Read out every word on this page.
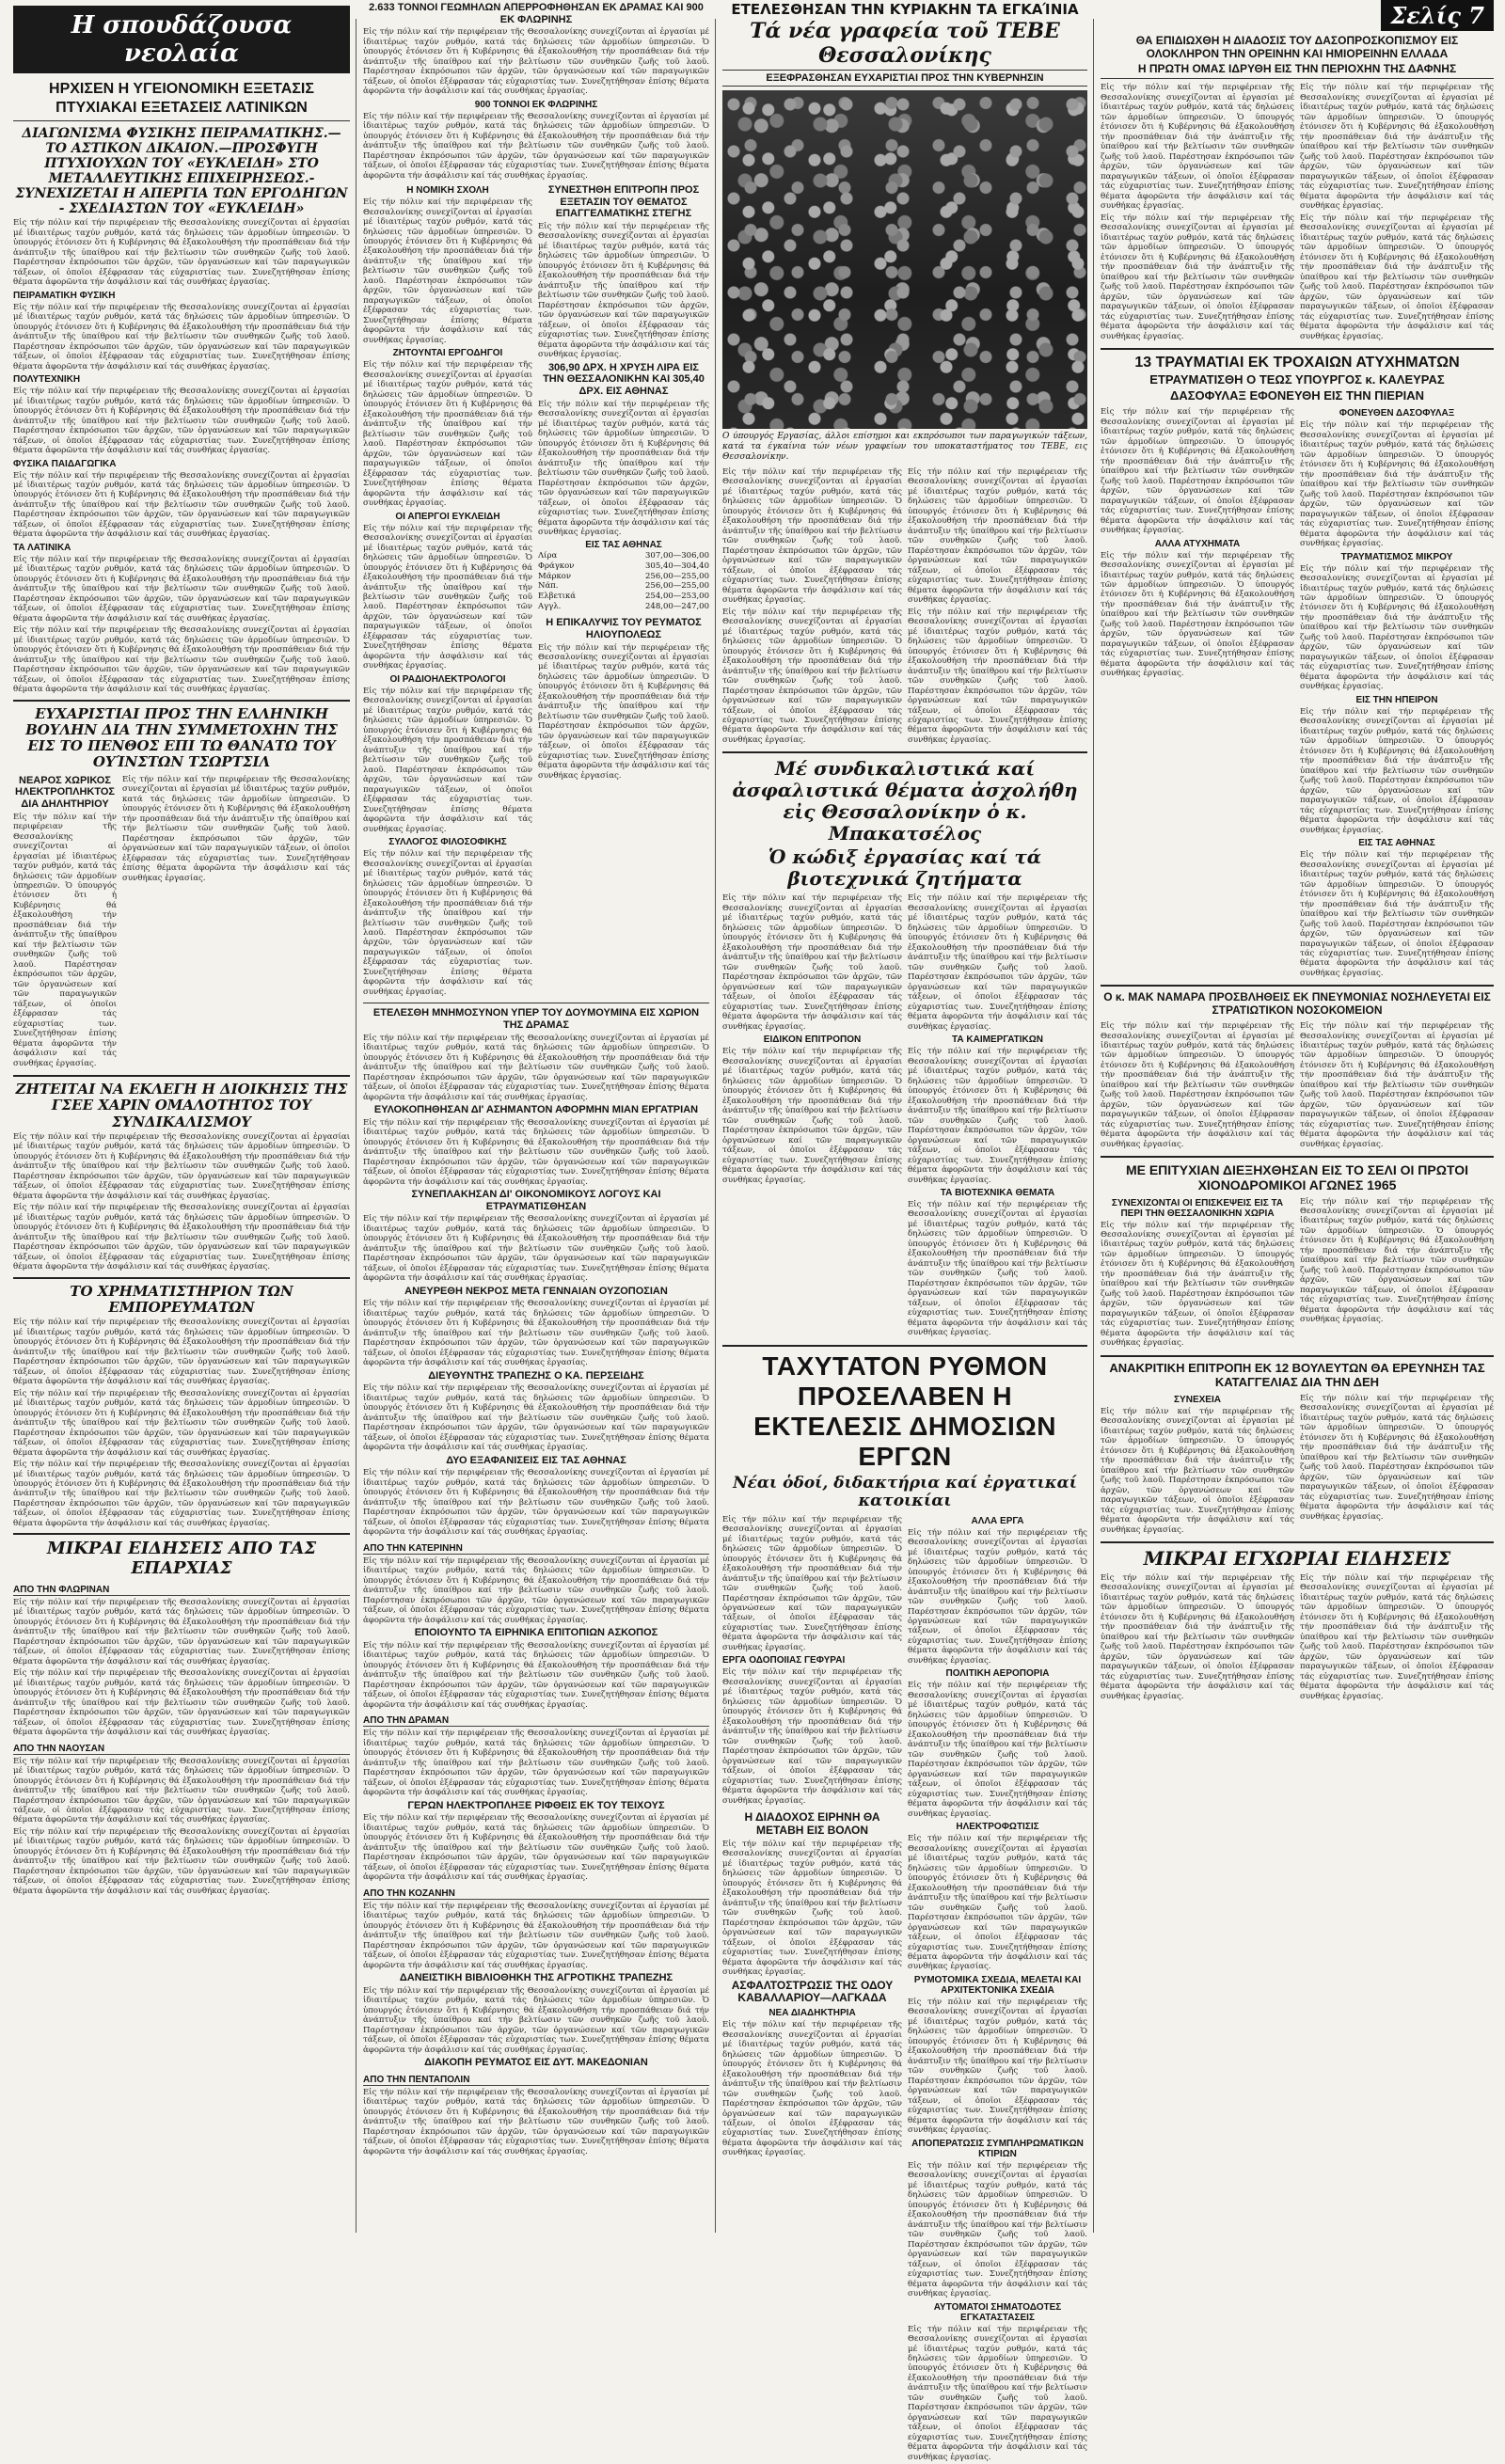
Η σπουδάζουσα νεολαία
ΗΡΧΙΣΕΝ Η ΥΓΕΙΟΝΟΜΙΚΗ ΕΞΕΤΑΣΙΣ
ΠΤΥΧΙΑΚΑΙ ΕΞΕΤΑΣΕΙΣ ΛΑΤΙΝΙΚΩΝ
ΔΙΑΓΩΝΙΣΜΑ ΦΥΣΙΚΗΣ ΠΕΙΡΑΜΑΤΙΚΗΣ.—ΤΟ ΑΣΤΙΚΟΝ ΔΙΚΑΙΟΝ.—ΠΡΟΣΦΥΓΗ ΠΤΥΧΙΟΥΧΩΝ ΤΟΥ «ΕΥΚΛΕΙΔΗ» ΣΤΟ ΜΕΤΑΛΛΕΥΤΙΚΗΣ ΕΠΙΧΕΙΡΗΣΕΩΣ.- ΣΥΝΕΧΙΖΕΤΑΙ Η ΑΠΕΡΓΙΑ ΤΩΝ ΕΡΓΟΔΗΓΩΝ - ΣΧΕΔΙΑΣΤΩΝ ΤΟΥ «ΕΥΚΛΕΙΔΗ»

Εἰς τήν πόλιν καί τήν περιφέρειαν τῆς Θεσσαλονίκης συνεχίζονται αἱ ἐργασίαι μέ ἰδιαιτέρως ταχύν ρυθμόν, κατά τάς δηλώσεις τῶν ἁρμοδίων ὑπηρεσιῶν. Ὁ ὑπουργός ἐτόνισεν ὅτι ἡ Κυβέρνησις θά ἐξακολουθήση τήν προσπάθειαν διά τήν ἀνάπτυξιν τῆς ὑπαίθρου καί τήν βελτίωσιν τῶν συνθηκῶν ζωῆς τοῦ λαοῦ. Παρέστησαν ἐκπρόσωποι τῶν ἀρχῶν, τῶν ὀργανώσεων καί τῶν παραγωγικῶν τάξεων, οἱ ὁποῖοι ἐξέφρασαν τάς εὐχαριστίας των. Συνεζητήθησαν ἐπίσης θέματα ἀφορῶντα τήν ἀσφάλισιν καί τάς συνθήκας ἐργασίας.

ΠΕΙΡΑΜΑΤΙΚΗ ΦΥΣΙΚΗ

Εἰς τήν πόλιν καί τήν περιφέρειαν τῆς Θεσσαλονίκης συνεχίζονται αἱ ἐργασίαι μέ ἰδιαιτέρως ταχύν ρυθμόν, κατά τάς δηλώσεις τῶν ἁρμοδίων ὑπηρεσιῶν. Ὁ ὑπουργός ἐτόνισεν ὅτι ἡ Κυβέρνησις θά ἐξακολουθήση τήν προσπάθειαν διά τήν ἀνάπτυξιν τῆς ὑπαίθρου καί τήν βελτίωσιν τῶν συνθηκῶν ζωῆς τοῦ λαοῦ. Παρέστησαν ἐκπρόσωποι τῶν ἀρχῶν, τῶν ὀργανώσεων καί τῶν παραγωγικῶν τάξεων, οἱ ὁποῖοι ἐξέφρασαν τάς εὐχαριστίας των. Συνεζητήθησαν ἐπίσης θέματα ἀφορῶντα τήν ἀσφάλισιν καί τάς συνθήκας ἐργασίας.

ΠΟΛΥΤΕΧΝΙΚΗ

Εἰς τήν πόλιν καί τήν περιφέρειαν τῆς Θεσσαλονίκης συνεχίζονται αἱ ἐργασίαι μέ ἰδιαιτέρως ταχύν ρυθμόν, κατά τάς δηλώσεις τῶν ἁρμοδίων ὑπηρεσιῶν. Ὁ ὑπουργός ἐτόνισεν ὅτι ἡ Κυβέρνησις θά ἐξακολουθήση τήν προσπάθειαν διά τήν ἀνάπτυξιν τῆς ὑπαίθρου καί τήν βελτίωσιν τῶν συνθηκῶν ζωῆς τοῦ λαοῦ. Παρέστησαν ἐκπρόσωποι τῶν ἀρχῶν, τῶν ὀργανώσεων καί τῶν παραγωγικῶν τάξεων, οἱ ὁποῖοι ἐξέφρασαν τάς εὐχαριστίας των. Συνεζητήθησαν ἐπίσης θέματα ἀφορῶντα τήν ἀσφάλισιν καί τάς συνθήκας ἐργασίας.

ΦΥΣΙΚΑ ΠΑΙΔΑΓΩΓΙΚΑ

Εἰς τήν πόλιν καί τήν περιφέρειαν τῆς Θεσσαλονίκης συνεχίζονται αἱ ἐργασίαι μέ ἰδιαιτέρως ταχύν ρυθμόν, κατά τάς δηλώσεις τῶν ἁρμοδίων ὑπηρεσιῶν. Ὁ ὑπουργός ἐτόνισεν ὅτι ἡ Κυβέρνησις θά ἐξακολουθήση τήν προσπάθειαν διά τήν ἀνάπτυξιν τῆς ὑπαίθρου καί τήν βελτίωσιν τῶν συνθηκῶν ζωῆς τοῦ λαοῦ. Παρέστησαν ἐκπρόσωποι τῶν ἀρχῶν, τῶν ὀργανώσεων καί τῶν παραγωγικῶν τάξεων, οἱ ὁποῖοι ἐξέφρασαν τάς εὐχαριστίας των. Συνεζητήθησαν ἐπίσης θέματα ἀφορῶντα τήν ἀσφάλισιν καί τάς συνθήκας ἐργασίας.

ΤΑ ΛΑΤΙΝΙΚΑ

Εἰς τήν πόλιν καί τήν περιφέρειαν τῆς Θεσσαλονίκης συνεχίζονται αἱ ἐργασίαι μέ ἰδιαιτέρως ταχύν ρυθμόν, κατά τάς δηλώσεις τῶν ἁρμοδίων ὑπηρεσιῶν. Ὁ ὑπουργός ἐτόνισεν ὅτι ἡ Κυβέρνησις θά ἐξακολουθήση τήν προσπάθειαν διά τήν ἀνάπτυξιν τῆς ὑπαίθρου καί τήν βελτίωσιν τῶν συνθηκῶν ζωῆς τοῦ λαοῦ. Παρέστησαν ἐκπρόσωποι τῶν ἀρχῶν, τῶν ὀργανώσεων καί τῶν παραγωγικῶν τάξεων, οἱ ὁποῖοι ἐξέφρασαν τάς εὐχαριστίας των. Συνεζητήθησαν ἐπίσης θέματα ἀφορῶντα τήν ἀσφάλισιν καί τάς συνθήκας ἐργασίας.

Εἰς τήν πόλιν καί τήν περιφέρειαν τῆς Θεσσαλονίκης συνεχίζονται αἱ ἐργασίαι μέ ἰδιαιτέρως ταχύν ρυθμόν, κατά τάς δηλώσεις τῶν ἁρμοδίων ὑπηρεσιῶν. Ὁ ὑπουργός ἐτόνισεν ὅτι ἡ Κυβέρνησις θά ἐξακολουθήση τήν προσπάθειαν διά τήν ἀνάπτυξιν τῆς ὑπαίθρου καί τήν βελτίωσιν τῶν συνθηκῶν ζωῆς τοῦ λαοῦ. Παρέστησαν ἐκπρόσωποι τῶν ἀρχῶν, τῶν ὀργανώσεων καί τῶν παραγωγικῶν τάξεων, οἱ ὁποῖοι ἐξέφρασαν τάς εὐχαριστίας των. Συνεζητήθησαν ἐπίσης θέματα ἀφορῶντα τήν ἀσφάλισιν καί τάς συνθήκας ἐργασίας.

ΕΥΧΑΡΙΣΤΙΑΙ ΠΡΟΣ ΤΗΝ ΕΛΛΗΝΙΚΗ ΒΟΥΛΗΝ ΔΙΑ ΤΗΝ ΣΥΜΜΕΤΟΧΗΝ ΤΗΣ ΕΙΣ ΤΟ ΠΕΝΘΟΣ ΕΠΙ ΤΩ ΘΑΝΑΤΩ ΤΟΥ ΟΥΊΝΣΤΩΝ ΤΣΩΡΤΣΙΛ
ΝΕΑΡΟΣ ΧΩΡΙΚΟΣ ΗΛΕΚΤΡΟΠΛΗΚΤΟΣ ΔΙΑ ΔΗΛΗΤΗΡΙΟΥ

Εἰς τήν πόλιν καί τήν περιφέρειαν τῆς Θεσσαλονίκης συνεχίζονται αἱ ἐργασίαι μέ ἰδιαιτέρως ταχύν ρυθμόν, κατά τάς δηλώσεις τῶν ἁρμοδίων ὑπηρεσιῶν. Ὁ ὑπουργός ἐτόνισεν ὅτι ἡ Κυβέρνησις θά ἐξακολουθήση τήν προσπάθειαν διά τήν ἀνάπτυξιν τῆς ὑπαίθρου καί τήν βελτίωσιν τῶν συνθηκῶν ζωῆς τοῦ λαοῦ. Παρέστησαν ἐκπρόσωποι τῶν ἀρχῶν, τῶν ὀργανώσεων καί τῶν παραγωγικῶν τάξεων, οἱ ὁποῖοι ἐξέφρασαν τάς εὐχαριστίας των. Συνεζητήθησαν ἐπίσης θέματα ἀφορῶντα τήν ἀσφάλισιν καί τάς συνθήκας ἐργασίας.

Εἰς τήν πόλιν καί τήν περιφέρειαν τῆς Θεσσαλονίκης συνεχίζονται αἱ ἐργασίαι μέ ἰδιαιτέρως ταχύν ρυθμόν, κατά τάς δηλώσεις τῶν ἁρμοδίων ὑπηρεσιῶν. Ὁ ὑπουργός ἐτόνισεν ὅτι ἡ Κυβέρνησις θά ἐξακολουθήση τήν προσπάθειαν διά τήν ἀνάπτυξιν τῆς ὑπαίθρου καί τήν βελτίωσιν τῶν συνθηκῶν ζωῆς τοῦ λαοῦ. Παρέστησαν ἐκπρόσωποι τῶν ἀρχῶν, τῶν ὀργανώσεων καί τῶν παραγωγικῶν τάξεων, οἱ ὁποῖοι ἐξέφρασαν τάς εὐχαριστίας των. Συνεζητήθησαν ἐπίσης θέματα ἀφορῶντα τήν ἀσφάλισιν καί τάς συνθήκας ἐργασίας.

ΖΗΤΕΙΤΑΙ ΝΑ ΕΚΛΕΓΗ Η ΔΙΟΙΚΗΣΙΣ ΤΗΣ ΓΣΕΕ ΧΑΡΙΝ ΟΜΑΛΟΤΗΤΟΣ ΤΟΥ ΣΥΝΔΙΚΑΛΙΣΜΟΥ

Εἰς τήν πόλιν καί τήν περιφέρειαν τῆς Θεσσαλονίκης συνεχίζονται αἱ ἐργασίαι μέ ἰδιαιτέρως ταχύν ρυθμόν, κατά τάς δηλώσεις τῶν ἁρμοδίων ὑπηρεσιῶν. Ὁ ὑπουργός ἐτόνισεν ὅτι ἡ Κυβέρνησις θά ἐξακολουθήση τήν προσπάθειαν διά τήν ἀνάπτυξιν τῆς ὑπαίθρου καί τήν βελτίωσιν τῶν συνθηκῶν ζωῆς τοῦ λαοῦ. Παρέστησαν ἐκπρόσωποι τῶν ἀρχῶν, τῶν ὀργανώσεων καί τῶν παραγωγικῶν τάξεων, οἱ ὁποῖοι ἐξέφρασαν τάς εὐχαριστίας των. Συνεζητήθησαν ἐπίσης θέματα ἀφορῶντα τήν ἀσφάλισιν καί τάς συνθήκας ἐργασίας.

Εἰς τήν πόλιν καί τήν περιφέρειαν τῆς Θεσσαλονίκης συνεχίζονται αἱ ἐργασίαι μέ ἰδιαιτέρως ταχύν ρυθμόν, κατά τάς δηλώσεις τῶν ἁρμοδίων ὑπηρεσιῶν. Ὁ ὑπουργός ἐτόνισεν ὅτι ἡ Κυβέρνησις θά ἐξακολουθήση τήν προσπάθειαν διά τήν ἀνάπτυξιν τῆς ὑπαίθρου καί τήν βελτίωσιν τῶν συνθηκῶν ζωῆς τοῦ λαοῦ. Παρέστησαν ἐκπρόσωποι τῶν ἀρχῶν, τῶν ὀργανώσεων καί τῶν παραγωγικῶν τάξεων, οἱ ὁποῖοι ἐξέφρασαν τάς εὐχαριστίας των. Συνεζητήθησαν ἐπίσης θέματα ἀφορῶντα τήν ἀσφάλισιν καί τάς συνθήκας ἐργασίας.

ΤΟ ΧΡΗΜΑΤΙΣΤΗΡΙΟΝ ΤΩΝ ΕΜΠΟΡΕΥΜΑΤΩΝ

Εἰς τήν πόλιν καί τήν περιφέρειαν τῆς Θεσσαλονίκης συνεχίζονται αἱ ἐργασίαι μέ ἰδιαιτέρως ταχύν ρυθμόν, κατά τάς δηλώσεις τῶν ἁρμοδίων ὑπηρεσιῶν. Ὁ ὑπουργός ἐτόνισεν ὅτι ἡ Κυβέρνησις θά ἐξακολουθήση τήν προσπάθειαν διά τήν ἀνάπτυξιν τῆς ὑπαίθρου καί τήν βελτίωσιν τῶν συνθηκῶν ζωῆς τοῦ λαοῦ. Παρέστησαν ἐκπρόσωποι τῶν ἀρχῶν, τῶν ὀργανώσεων καί τῶν παραγωγικῶν τάξεων, οἱ ὁποῖοι ἐξέφρασαν τάς εὐχαριστίας των. Συνεζητήθησαν ἐπίσης θέματα ἀφορῶντα τήν ἀσφάλισιν καί τάς συνθήκας ἐργασίας.

Εἰς τήν πόλιν καί τήν περιφέρειαν τῆς Θεσσαλονίκης συνεχίζονται αἱ ἐργασίαι μέ ἰδιαιτέρως ταχύν ρυθμόν, κατά τάς δηλώσεις τῶν ἁρμοδίων ὑπηρεσιῶν. Ὁ ὑπουργός ἐτόνισεν ὅτι ἡ Κυβέρνησις θά ἐξακολουθήση τήν προσπάθειαν διά τήν ἀνάπτυξιν τῆς ὑπαίθρου καί τήν βελτίωσιν τῶν συνθηκῶν ζωῆς τοῦ λαοῦ. Παρέστησαν ἐκπρόσωποι τῶν ἀρχῶν, τῶν ὀργανώσεων καί τῶν παραγωγικῶν τάξεων, οἱ ὁποῖοι ἐξέφρασαν τάς εὐχαριστίας των. Συνεζητήθησαν ἐπίσης θέματα ἀφορῶντα τήν ἀσφάλισιν καί τάς συνθήκας ἐργασίας.

Εἰς τήν πόλιν καί τήν περιφέρειαν τῆς Θεσσαλονίκης συνεχίζονται αἱ ἐργασίαι μέ ἰδιαιτέρως ταχύν ρυθμόν, κατά τάς δηλώσεις τῶν ἁρμοδίων ὑπηρεσιῶν. Ὁ ὑπουργός ἐτόνισεν ὅτι ἡ Κυβέρνησις θά ἐξακολουθήση τήν προσπάθειαν διά τήν ἀνάπτυξιν τῆς ὑπαίθρου καί τήν βελτίωσιν τῶν συνθηκῶν ζωῆς τοῦ λαοῦ. Παρέστησαν ἐκπρόσωποι τῶν ἀρχῶν, τῶν ὀργανώσεων καί τῶν παραγωγικῶν τάξεων, οἱ ὁποῖοι ἐξέφρασαν τάς εὐχαριστίας των. Συνεζητήθησαν ἐπίσης θέματα ἀφορῶντα τήν ἀσφάλισιν καί τάς συνθήκας ἐργασίας.

ΜΙΚΡΑΙ ΕΙΔΗΣΕΙΣ ΑΠΟ ΤΑΣ ΕΠΑΡΧΙΑΣ
ΑΠΟ ΤΗΝ ΦΛΩΡΙΝΑΝ

Εἰς τήν πόλιν καί τήν περιφέρειαν τῆς Θεσσαλονίκης συνεχίζονται αἱ ἐργασίαι μέ ἰδιαιτέρως ταχύν ρυθμόν, κατά τάς δηλώσεις τῶν ἁρμοδίων ὑπηρεσιῶν. Ὁ ὑπουργός ἐτόνισεν ὅτι ἡ Κυβέρνησις θά ἐξακολουθήση τήν προσπάθειαν διά τήν ἀνάπτυξιν τῆς ὑπαίθρου καί τήν βελτίωσιν τῶν συνθηκῶν ζωῆς τοῦ λαοῦ. Παρέστησαν ἐκπρόσωποι τῶν ἀρχῶν, τῶν ὀργανώσεων καί τῶν παραγωγικῶν τάξεων, οἱ ὁποῖοι ἐξέφρασαν τάς εὐχαριστίας των. Συνεζητήθησαν ἐπίσης θέματα ἀφορῶντα τήν ἀσφάλισιν καί τάς συνθήκας ἐργασίας.

Εἰς τήν πόλιν καί τήν περιφέρειαν τῆς Θεσσαλονίκης συνεχίζονται αἱ ἐργασίαι μέ ἰδιαιτέρως ταχύν ρυθμόν, κατά τάς δηλώσεις τῶν ἁρμοδίων ὑπηρεσιῶν. Ὁ ὑπουργός ἐτόνισεν ὅτι ἡ Κυβέρνησις θά ἐξακολουθήση τήν προσπάθειαν διά τήν ἀνάπτυξιν τῆς ὑπαίθρου καί τήν βελτίωσιν τῶν συνθηκῶν ζωῆς τοῦ λαοῦ. Παρέστησαν ἐκπρόσωποι τῶν ἀρχῶν, τῶν ὀργανώσεων καί τῶν παραγωγικῶν τάξεων, οἱ ὁποῖοι ἐξέφρασαν τάς εὐχαριστίας των. Συνεζητήθησαν ἐπίσης θέματα ἀφορῶντα τήν ἀσφάλισιν καί τάς συνθήκας ἐργασίας.

ΑΠΟ ΤΗΝ ΝΑΟΥΣΑΝ

Εἰς τήν πόλιν καί τήν περιφέρειαν τῆς Θεσσαλονίκης συνεχίζονται αἱ ἐργασίαι μέ ἰδιαιτέρως ταχύν ρυθμόν, κατά τάς δηλώσεις τῶν ἁρμοδίων ὑπηρεσιῶν. Ὁ ὑπουργός ἐτόνισεν ὅτι ἡ Κυβέρνησις θά ἐξακολουθήση τήν προσπάθειαν διά τήν ἀνάπτυξιν τῆς ὑπαίθρου καί τήν βελτίωσιν τῶν συνθηκῶν ζωῆς τοῦ λαοῦ. Παρέστησαν ἐκπρόσωποι τῶν ἀρχῶν, τῶν ὀργανώσεων καί τῶν παραγωγικῶν τάξεων, οἱ ὁποῖοι ἐξέφρασαν τάς εὐχαριστίας των. Συνεζητήθησαν ἐπίσης θέματα ἀφορῶντα τήν ἀσφάλισιν καί τάς συνθήκας ἐργασίας.

Εἰς τήν πόλιν καί τήν περιφέρειαν τῆς Θεσσαλονίκης συνεχίζονται αἱ ἐργασίαι μέ ἰδιαιτέρως ταχύν ρυθμόν, κατά τάς δηλώσεις τῶν ἁρμοδίων ὑπηρεσιῶν. Ὁ ὑπουργός ἐτόνισεν ὅτι ἡ Κυβέρνησις θά ἐξακολουθήση τήν προσπάθειαν διά τήν ἀνάπτυξιν τῆς ὑπαίθρου καί τήν βελτίωσιν τῶν συνθηκῶν ζωῆς τοῦ λαοῦ. Παρέστησαν ἐκπρόσωποι τῶν ἀρχῶν, τῶν ὀργανώσεων καί τῶν παραγωγικῶν τάξεων, οἱ ὁποῖοι ἐξέφρασαν τάς εὐχαριστίας των. Συνεζητήθησαν ἐπίσης θέματα ἀφορῶντα τήν ἀσφάλισιν καί τάς συνθήκας ἐργασίας.

2.633 ΤΟΝΝΟΙ ΓΕΩΜΗΛΩΝ ΑΠΕΡΡΟΦΗΘΗΣΑΝ ΕΚ ΔΡΑΜΑΣ ΚΑΙ 900 ΕΚ ΦΛΩΡΙΝΗΣ

Εἰς τήν πόλιν καί τήν περιφέρειαν τῆς Θεσσαλονίκης συνεχίζονται αἱ ἐργασίαι μέ ἰδιαιτέρως ταχύν ρυθμόν, κατά τάς δηλώσεις τῶν ἁρμοδίων ὑπηρεσιῶν. Ὁ ὑπουργός ἐτόνισεν ὅτι ἡ Κυβέρνησις θά ἐξακολουθήση τήν προσπάθειαν διά τήν ἀνάπτυξιν τῆς ὑπαίθρου καί τήν βελτίωσιν τῶν συνθηκῶν ζωῆς τοῦ λαοῦ. Παρέστησαν ἐκπρόσωποι τῶν ἀρχῶν, τῶν ὀργανώσεων καί τῶν παραγωγικῶν τάξεων, οἱ ὁποῖοι ἐξέφρασαν τάς εὐχαριστίας των. Συνεζητήθησαν ἐπίσης θέματα ἀφορῶντα τήν ἀσφάλισιν καί τάς συνθήκας ἐργασίας.

900 ΤΟΝΝΟΙ ΕΚ ΦΛΩΡΙΝΗΣ

Εἰς τήν πόλιν καί τήν περιφέρειαν τῆς Θεσσαλονίκης συνεχίζονται αἱ ἐργασίαι μέ ἰδιαιτέρως ταχύν ρυθμόν, κατά τάς δηλώσεις τῶν ἁρμοδίων ὑπηρεσιῶν. Ὁ ὑπουργός ἐτόνισεν ὅτι ἡ Κυβέρνησις θά ἐξακολουθήση τήν προσπάθειαν διά τήν ἀνάπτυξιν τῆς ὑπαίθρου καί τήν βελτίωσιν τῶν συνθηκῶν ζωῆς τοῦ λαοῦ. Παρέστησαν ἐκπρόσωποι τῶν ἀρχῶν, τῶν ὀργανώσεων καί τῶν παραγωγικῶν τάξεων, οἱ ὁποῖοι ἐξέφρασαν τάς εὐχαριστίας των. Συνεζητήθησαν ἐπίσης θέματα ἀφορῶντα τήν ἀσφάλισιν καί τάς συνθήκας ἐργασίας.

Η ΝΟΜΙΚΗ ΣΧΟΛΗ

Εἰς τήν πόλιν καί τήν περιφέρειαν τῆς Θεσσαλονίκης συνεχίζονται αἱ ἐργασίαι μέ ἰδιαιτέρως ταχύν ρυθμόν, κατά τάς δηλώσεις τῶν ἁρμοδίων ὑπηρεσιῶν. Ὁ ὑπουργός ἐτόνισεν ὅτι ἡ Κυβέρνησις θά ἐξακολουθήση τήν προσπάθειαν διά τήν ἀνάπτυξιν τῆς ὑπαίθρου καί τήν βελτίωσιν τῶν συνθηκῶν ζωῆς τοῦ λαοῦ. Παρέστησαν ἐκπρόσωποι τῶν ἀρχῶν, τῶν ὀργανώσεων καί τῶν παραγωγικῶν τάξεων, οἱ ὁποῖοι ἐξέφρασαν τάς εὐχαριστίας των. Συνεζητήθησαν ἐπίσης θέματα ἀφορῶντα τήν ἀσφάλισιν καί τάς συνθήκας ἐργασίας.

ΖΗΤΟΥΝΤΑΙ ΕΡΓΟΔΗΓΟΙ

Εἰς τήν πόλιν καί τήν περιφέρειαν τῆς Θεσσαλονίκης συνεχίζονται αἱ ἐργασίαι μέ ἰδιαιτέρως ταχύν ρυθμόν, κατά τάς δηλώσεις τῶν ἁρμοδίων ὑπηρεσιῶν. Ὁ ὑπουργός ἐτόνισεν ὅτι ἡ Κυβέρνησις θά ἐξακολουθήση τήν προσπάθειαν διά τήν ἀνάπτυξιν τῆς ὑπαίθρου καί τήν βελτίωσιν τῶν συνθηκῶν ζωῆς τοῦ λαοῦ. Παρέστησαν ἐκπρόσωποι τῶν ἀρχῶν, τῶν ὀργανώσεων καί τῶν παραγωγικῶν τάξεων, οἱ ὁποῖοι ἐξέφρασαν τάς εὐχαριστίας των. Συνεζητήθησαν ἐπίσης θέματα ἀφορῶντα τήν ἀσφάλισιν καί τάς συνθήκας ἐργασίας.

ΟΙ ΑΠΕΡΓΟΙ ΕΥΚΛΕΙΔΗ

Εἰς τήν πόλιν καί τήν περιφέρειαν τῆς Θεσσαλονίκης συνεχίζονται αἱ ἐργασίαι μέ ἰδιαιτέρως ταχύν ρυθμόν, κατά τάς δηλώσεις τῶν ἁρμοδίων ὑπηρεσιῶν. Ὁ ὑπουργός ἐτόνισεν ὅτι ἡ Κυβέρνησις θά ἐξακολουθήση τήν προσπάθειαν διά τήν ἀνάπτυξιν τῆς ὑπαίθρου καί τήν βελτίωσιν τῶν συνθηκῶν ζωῆς τοῦ λαοῦ. Παρέστησαν ἐκπρόσωποι τῶν ἀρχῶν, τῶν ὀργανώσεων καί τῶν παραγωγικῶν τάξεων, οἱ ὁποῖοι ἐξέφρασαν τάς εὐχαριστίας των. Συνεζητήθησαν ἐπίσης θέματα ἀφορῶντα τήν ἀσφάλισιν καί τάς συνθήκας ἐργασίας.

ΟΙ ΡΑΔΙΟΗΛΕΚΤΡΟΛΟΓΟΙ

Εἰς τήν πόλιν καί τήν περιφέρειαν τῆς Θεσσαλονίκης συνεχίζονται αἱ ἐργασίαι μέ ἰδιαιτέρως ταχύν ρυθμόν, κατά τάς δηλώσεις τῶν ἁρμοδίων ὑπηρεσιῶν. Ὁ ὑπουργός ἐτόνισεν ὅτι ἡ Κυβέρνησις θά ἐξακολουθήση τήν προσπάθειαν διά τήν ἀνάπτυξιν τῆς ὑπαίθρου καί τήν βελτίωσιν τῶν συνθηκῶν ζωῆς τοῦ λαοῦ. Παρέστησαν ἐκπρόσωποι τῶν ἀρχῶν, τῶν ὀργανώσεων καί τῶν παραγωγικῶν τάξεων, οἱ ὁποῖοι ἐξέφρασαν τάς εὐχαριστίας των. Συνεζητήθησαν ἐπίσης θέματα ἀφορῶντα τήν ἀσφάλισιν καί τάς συνθήκας ἐργασίας.

ΣΥΛΛΟΓΟΣ ΦΙΛΟΣΟΦΙΚΗΣ

Εἰς τήν πόλιν καί τήν περιφέρειαν τῆς Θεσσαλονίκης συνεχίζονται αἱ ἐργασίαι μέ ἰδιαιτέρως ταχύν ρυθμόν, κατά τάς δηλώσεις τῶν ἁρμοδίων ὑπηρεσιῶν. Ὁ ὑπουργός ἐτόνισεν ὅτι ἡ Κυβέρνησις θά ἐξακολουθήση τήν προσπάθειαν διά τήν ἀνάπτυξιν τῆς ὑπαίθρου καί τήν βελτίωσιν τῶν συνθηκῶν ζωῆς τοῦ λαοῦ. Παρέστησαν ἐκπρόσωποι τῶν ἀρχῶν, τῶν ὀργανώσεων καί τῶν παραγωγικῶν τάξεων, οἱ ὁποῖοι ἐξέφρασαν τάς εὐχαριστίας των. Συνεζητήθησαν ἐπίσης θέματα ἀφορῶντα τήν ἀσφάλισιν καί τάς συνθήκας ἐργασίας.

ΣΥΝΕΣΤΗΘΗ ΕΠΙΤΡΟΠΗ ΠΡΟΣ ΕΞΕΤΑΣΙΝ ΤΟΥ ΘΕΜΑΤΟΣ ΕΠΑΓΓΕΛΜΑΤΙΚΗΣ ΣΤΕΓΗΣ

Εἰς τήν πόλιν καί τήν περιφέρειαν τῆς Θεσσαλονίκης συνεχίζονται αἱ ἐργασίαι μέ ἰδιαιτέρως ταχύν ρυθμόν, κατά τάς δηλώσεις τῶν ἁρμοδίων ὑπηρεσιῶν. Ὁ ὑπουργός ἐτόνισεν ὅτι ἡ Κυβέρνησις θά ἐξακολουθήση τήν προσπάθειαν διά τήν ἀνάπτυξιν τῆς ὑπαίθρου καί τήν βελτίωσιν τῶν συνθηκῶν ζωῆς τοῦ λαοῦ. Παρέστησαν ἐκπρόσωποι τῶν ἀρχῶν, τῶν ὀργανώσεων καί τῶν παραγωγικῶν τάξεων, οἱ ὁποῖοι ἐξέφρασαν τάς εὐχαριστίας των. Συνεζητήθησαν ἐπίσης θέματα ἀφορῶντα τήν ἀσφάλισιν καί τάς συνθήκας ἐργασίας.

306,90 ΔΡΧ. Η ΧΡΥΣΗ ΛΙΡΑ ΕΙΣ ΤΗΝ ΘΕΣΣΑΛΟΝΙΚΗΝ ΚΑΙ 305,40 ΔΡΧ. ΕΙΣ ΑΘΗΝΑΣ

Εἰς τήν πόλιν καί τήν περιφέρειαν τῆς Θεσσαλονίκης συνεχίζονται αἱ ἐργασίαι μέ ἰδιαιτέρως ταχύν ρυθμόν, κατά τάς δηλώσεις τῶν ἁρμοδίων ὑπηρεσιῶν. Ὁ ὑπουργός ἐτόνισεν ὅτι ἡ Κυβέρνησις θά ἐξακολουθήση τήν προσπάθειαν διά τήν ἀνάπτυξιν τῆς ὑπαίθρου καί τήν βελτίωσιν τῶν συνθηκῶν ζωῆς τοῦ λαοῦ. Παρέστησαν ἐκπρόσωποι τῶν ἀρχῶν, τῶν ὀργανώσεων καί τῶν παραγωγικῶν τάξεων, οἱ ὁποῖοι ἐξέφρασαν τάς εὐχαριστίας των. Συνεζητήθησαν ἐπίσης θέματα ἀφορῶντα τήν ἀσφάλισιν καί τάς συνθήκας ἐργασίας.

ΕΙΣ ΤΑΣ ΑΘΗΝΑΣ
Λίρα	307,00—306,00
Φράγκον	305,40—304,40
Μάρκον	256,00—255,00
Νάπ.	256,00—255,00
Ελβετικά	254,00—253,00
Αγγλ.	248,00—247,00
Η ΕΠΙΚΑΛΥΨΙΣ ΤΟΥ ΡΕΥΜΑΤΟΣ ΗΛΙΟΥΠΟΛΕΩΣ

Εἰς τήν πόλιν καί τήν περιφέρειαν τῆς Θεσσαλονίκης συνεχίζονται αἱ ἐργασίαι μέ ἰδιαιτέρως ταχύν ρυθμόν, κατά τάς δηλώσεις τῶν ἁρμοδίων ὑπηρεσιῶν. Ὁ ὑπουργός ἐτόνισεν ὅτι ἡ Κυβέρνησις θά ἐξακολουθήση τήν προσπάθειαν διά τήν ἀνάπτυξιν τῆς ὑπαίθρου καί τήν βελτίωσιν τῶν συνθηκῶν ζωῆς τοῦ λαοῦ. Παρέστησαν ἐκπρόσωποι τῶν ἀρχῶν, τῶν ὀργανώσεων καί τῶν παραγωγικῶν τάξεων, οἱ ὁποῖοι ἐξέφρασαν τάς εὐχαριστίας των. Συνεζητήθησαν ἐπίσης θέματα ἀφορῶντα τήν ἀσφάλισιν καί τάς συνθήκας ἐργασίας.

ΕΤΕΛΕΣΘΗ ΜΝΗΜΟΣΥΝΟΝ ΥΠΕΡ ΤΟΥ ΔΟΥΜΟΥΜΙΝΑ ΕΙΣ ΧΩΡΙΟΝ ΤΗΣ ΔΡΑΜΑΣ

Εἰς τήν πόλιν καί τήν περιφέρειαν τῆς Θεσσαλονίκης συνεχίζονται αἱ ἐργασίαι μέ ἰδιαιτέρως ταχύν ρυθμόν, κατά τάς δηλώσεις τῶν ἁρμοδίων ὑπηρεσιῶν. Ὁ ὑπουργός ἐτόνισεν ὅτι ἡ Κυβέρνησις θά ἐξακολουθήση τήν προσπάθειαν διά τήν ἀνάπτυξιν τῆς ὑπαίθρου καί τήν βελτίωσιν τῶν συνθηκῶν ζωῆς τοῦ λαοῦ. Παρέστησαν ἐκπρόσωποι τῶν ἀρχῶν, τῶν ὀργανώσεων καί τῶν παραγωγικῶν τάξεων, οἱ ὁποῖοι ἐξέφρασαν τάς εὐχαριστίας των. Συνεζητήθησαν ἐπίσης θέματα ἀφορῶντα τήν ἀσφάλισιν καί τάς συνθήκας ἐργασίας.

ΕΥΛΟΚΟΠΗΘΗΣΑΝ ΔΙ' ΑΣΗΜΑΝΤΟΝ ΑΦΟΡΜΗΝ ΜΙΑΝ ΕΡΓΑΤΡΙΑΝ

Εἰς τήν πόλιν καί τήν περιφέρειαν τῆς Θεσσαλονίκης συνεχίζονται αἱ ἐργασίαι μέ ἰδιαιτέρως ταχύν ρυθμόν, κατά τάς δηλώσεις τῶν ἁρμοδίων ὑπηρεσιῶν. Ὁ ὑπουργός ἐτόνισεν ὅτι ἡ Κυβέρνησις θά ἐξακολουθήση τήν προσπάθειαν διά τήν ἀνάπτυξιν τῆς ὑπαίθρου καί τήν βελτίωσιν τῶν συνθηκῶν ζωῆς τοῦ λαοῦ. Παρέστησαν ἐκπρόσωποι τῶν ἀρχῶν, τῶν ὀργανώσεων καί τῶν παραγωγικῶν τάξεων, οἱ ὁποῖοι ἐξέφρασαν τάς εὐχαριστίας των. Συνεζητήθησαν ἐπίσης θέματα ἀφορῶντα τήν ἀσφάλισιν καί τάς συνθήκας ἐργασίας.

ΣΥΝΕΠΛΑΚΗΣΑΝ ΔΙ' ΟΙΚΟΝΟΜΙΚΟΥΣ ΛΟΓΟΥΣ ΚΑΙ ΕΤΡΑΥΜΑΤΙΣΘΗΣΑΝ

Εἰς τήν πόλιν καί τήν περιφέρειαν τῆς Θεσσαλονίκης συνεχίζονται αἱ ἐργασίαι μέ ἰδιαιτέρως ταχύν ρυθμόν, κατά τάς δηλώσεις τῶν ἁρμοδίων ὑπηρεσιῶν. Ὁ ὑπουργός ἐτόνισεν ὅτι ἡ Κυβέρνησις θά ἐξακολουθήση τήν προσπάθειαν διά τήν ἀνάπτυξιν τῆς ὑπαίθρου καί τήν βελτίωσιν τῶν συνθηκῶν ζωῆς τοῦ λαοῦ. Παρέστησαν ἐκπρόσωποι τῶν ἀρχῶν, τῶν ὀργανώσεων καί τῶν παραγωγικῶν τάξεων, οἱ ὁποῖοι ἐξέφρασαν τάς εὐχαριστίας των. Συνεζητήθησαν ἐπίσης θέματα ἀφορῶντα τήν ἀσφάλισιν καί τάς συνθήκας ἐργασίας.

ΑΝΕΥΡΕΘΗ ΝΕΚΡΟΣ ΜΕΤΑ ΓΕΝΝΑΙΑΝ ΟΥΖΟΠΟΣΙΑΝ

Εἰς τήν πόλιν καί τήν περιφέρειαν τῆς Θεσσαλονίκης συνεχίζονται αἱ ἐργασίαι μέ ἰδιαιτέρως ταχύν ρυθμόν, κατά τάς δηλώσεις τῶν ἁρμοδίων ὑπηρεσιῶν. Ὁ ὑπουργός ἐτόνισεν ὅτι ἡ Κυβέρνησις θά ἐξακολουθήση τήν προσπάθειαν διά τήν ἀνάπτυξιν τῆς ὑπαίθρου καί τήν βελτίωσιν τῶν συνθηκῶν ζωῆς τοῦ λαοῦ. Παρέστησαν ἐκπρόσωποι τῶν ἀρχῶν, τῶν ὀργανώσεων καί τῶν παραγωγικῶν τάξεων, οἱ ὁποῖοι ἐξέφρασαν τάς εὐχαριστίας των. Συνεζητήθησαν ἐπίσης θέματα ἀφορῶντα τήν ἀσφάλισιν καί τάς συνθήκας ἐργασίας.

ΔΙΕΥΘΥΝΤΗΣ ΤΡΑΠΕΖΗΣ Ο ΚΑ. ΠΕΡΣΕΙΔΗΣ

Εἰς τήν πόλιν καί τήν περιφέρειαν τῆς Θεσσαλονίκης συνεχίζονται αἱ ἐργασίαι μέ ἰδιαιτέρως ταχύν ρυθμόν, κατά τάς δηλώσεις τῶν ἁρμοδίων ὑπηρεσιῶν. Ὁ ὑπουργός ἐτόνισεν ὅτι ἡ Κυβέρνησις θά ἐξακολουθήση τήν προσπάθειαν διά τήν ἀνάπτυξιν τῆς ὑπαίθρου καί τήν βελτίωσιν τῶν συνθηκῶν ζωῆς τοῦ λαοῦ. Παρέστησαν ἐκπρόσωποι τῶν ἀρχῶν, τῶν ὀργανώσεων καί τῶν παραγωγικῶν τάξεων, οἱ ὁποῖοι ἐξέφρασαν τάς εὐχαριστίας των. Συνεζητήθησαν ἐπίσης θέματα ἀφορῶντα τήν ἀσφάλισιν καί τάς συνθήκας ἐργασίας.

ΔΥΟ ΕΞΑΦΑΝΙΣΕΙΣ ΕΙΣ ΤΑΣ ΑΘΗΝΑΣ

Εἰς τήν πόλιν καί τήν περιφέρειαν τῆς Θεσσαλονίκης συνεχίζονται αἱ ἐργασίαι μέ ἰδιαιτέρως ταχύν ρυθμόν, κατά τάς δηλώσεις τῶν ἁρμοδίων ὑπηρεσιῶν. Ὁ ὑπουργός ἐτόνισεν ὅτι ἡ Κυβέρνησις θά ἐξακολουθήση τήν προσπάθειαν διά τήν ἀνάπτυξιν τῆς ὑπαίθρου καί τήν βελτίωσιν τῶν συνθηκῶν ζωῆς τοῦ λαοῦ. Παρέστησαν ἐκπρόσωποι τῶν ἀρχῶν, τῶν ὀργανώσεων καί τῶν παραγωγικῶν τάξεων, οἱ ὁποῖοι ἐξέφρασαν τάς εὐχαριστίας των. Συνεζητήθησαν ἐπίσης θέματα ἀφορῶντα τήν ἀσφάλισιν καί τάς συνθήκας ἐργασίας.

ΑΠΟ ΤΗΝ ΚΑΤΕΡΙΝΗΝ

Εἰς τήν πόλιν καί τήν περιφέρειαν τῆς Θεσσαλονίκης συνεχίζονται αἱ ἐργασίαι μέ ἰδιαιτέρως ταχύν ρυθμόν, κατά τάς δηλώσεις τῶν ἁρμοδίων ὑπηρεσιῶν. Ὁ ὑπουργός ἐτόνισεν ὅτι ἡ Κυβέρνησις θά ἐξακολουθήση τήν προσπάθειαν διά τήν ἀνάπτυξιν τῆς ὑπαίθρου καί τήν βελτίωσιν τῶν συνθηκῶν ζωῆς τοῦ λαοῦ. Παρέστησαν ἐκπρόσωποι τῶν ἀρχῶν, τῶν ὀργανώσεων καί τῶν παραγωγικῶν τάξεων, οἱ ὁποῖοι ἐξέφρασαν τάς εὐχαριστίας των. Συνεζητήθησαν ἐπίσης θέματα ἀφορῶντα τήν ἀσφάλισιν καί τάς συνθήκας ἐργασίας.

ΕΠΟΙΟΥΝΤΟ ΤΑ ΕΙΡΗΝΙΚΑ ΕΠΙΤΟΠΙΩΝ ΑΣΚΟΠΟΣ

Εἰς τήν πόλιν καί τήν περιφέρειαν τῆς Θεσσαλονίκης συνεχίζονται αἱ ἐργασίαι μέ ἰδιαιτέρως ταχύν ρυθμόν, κατά τάς δηλώσεις τῶν ἁρμοδίων ὑπηρεσιῶν. Ὁ ὑπουργός ἐτόνισεν ὅτι ἡ Κυβέρνησις θά ἐξακολουθήση τήν προσπάθειαν διά τήν ἀνάπτυξιν τῆς ὑπαίθρου καί τήν βελτίωσιν τῶν συνθηκῶν ζωῆς τοῦ λαοῦ. Παρέστησαν ἐκπρόσωποι τῶν ἀρχῶν, τῶν ὀργανώσεων καί τῶν παραγωγικῶν τάξεων, οἱ ὁποῖοι ἐξέφρασαν τάς εὐχαριστίας των. Συνεζητήθησαν ἐπίσης θέματα ἀφορῶντα τήν ἀσφάλισιν καί τάς συνθήκας ἐργασίας.

ΑΠΟ ΤΗΝ ΔΡΑΜΑΝ

Εἰς τήν πόλιν καί τήν περιφέρειαν τῆς Θεσσαλονίκης συνεχίζονται αἱ ἐργασίαι μέ ἰδιαιτέρως ταχύν ρυθμόν, κατά τάς δηλώσεις τῶν ἁρμοδίων ὑπηρεσιῶν. Ὁ ὑπουργός ἐτόνισεν ὅτι ἡ Κυβέρνησις θά ἐξακολουθήση τήν προσπάθειαν διά τήν ἀνάπτυξιν τῆς ὑπαίθρου καί τήν βελτίωσιν τῶν συνθηκῶν ζωῆς τοῦ λαοῦ. Παρέστησαν ἐκπρόσωποι τῶν ἀρχῶν, τῶν ὀργανώσεων καί τῶν παραγωγικῶν τάξεων, οἱ ὁποῖοι ἐξέφρασαν τάς εὐχαριστίας των. Συνεζητήθησαν ἐπίσης θέματα ἀφορῶντα τήν ἀσφάλισιν καί τάς συνθήκας ἐργασίας.

ΓΕΡΩΝ ΗΛΕΚΤΡΟΠΛΗΞΕ ΡΙΦΘΕΙΣ ΕΚ ΤΟΥ ΤΕΙΧΟΥΣ

Εἰς τήν πόλιν καί τήν περιφέρειαν τῆς Θεσσαλονίκης συνεχίζονται αἱ ἐργασίαι μέ ἰδιαιτέρως ταχύν ρυθμόν, κατά τάς δηλώσεις τῶν ἁρμοδίων ὑπηρεσιῶν. Ὁ ὑπουργός ἐτόνισεν ὅτι ἡ Κυβέρνησις θά ἐξακολουθήση τήν προσπάθειαν διά τήν ἀνάπτυξιν τῆς ὑπαίθρου καί τήν βελτίωσιν τῶν συνθηκῶν ζωῆς τοῦ λαοῦ. Παρέστησαν ἐκπρόσωποι τῶν ἀρχῶν, τῶν ὀργανώσεων καί τῶν παραγωγικῶν τάξεων, οἱ ὁποῖοι ἐξέφρασαν τάς εὐχαριστίας των. Συνεζητήθησαν ἐπίσης θέματα ἀφορῶντα τήν ἀσφάλισιν καί τάς συνθήκας ἐργασίας.

ΑΠΟ ΤΗΝ ΚΟΖΑΝΗΝ

Εἰς τήν πόλιν καί τήν περιφέρειαν τῆς Θεσσαλονίκης συνεχίζονται αἱ ἐργασίαι μέ ἰδιαιτέρως ταχύν ρυθμόν, κατά τάς δηλώσεις τῶν ἁρμοδίων ὑπηρεσιῶν. Ὁ ὑπουργός ἐτόνισεν ὅτι ἡ Κυβέρνησις θά ἐξακολουθήση τήν προσπάθειαν διά τήν ἀνάπτυξιν τῆς ὑπαίθρου καί τήν βελτίωσιν τῶν συνθηκῶν ζωῆς τοῦ λαοῦ. Παρέστησαν ἐκπρόσωποι τῶν ἀρχῶν, τῶν ὀργανώσεων καί τῶν παραγωγικῶν τάξεων, οἱ ὁποῖοι ἐξέφρασαν τάς εὐχαριστίας των. Συνεζητήθησαν ἐπίσης θέματα ἀφορῶντα τήν ἀσφάλισιν καί τάς συνθήκας ἐργασίας.

ΔΑΝΕΙΣΤΙΚΗ ΒΙΒΛΙΟΘΗΚΗ ΤΗΣ ΑΓΡΟΤΙΚΗΣ ΤΡΑΠΕΖΗΣ

Εἰς τήν πόλιν καί τήν περιφέρειαν τῆς Θεσσαλονίκης συνεχίζονται αἱ ἐργασίαι μέ ἰδιαιτέρως ταχύν ρυθμόν, κατά τάς δηλώσεις τῶν ἁρμοδίων ὑπηρεσιῶν. Ὁ ὑπουργός ἐτόνισεν ὅτι ἡ Κυβέρνησις θά ἐξακολουθήση τήν προσπάθειαν διά τήν ἀνάπτυξιν τῆς ὑπαίθρου καί τήν βελτίωσιν τῶν συνθηκῶν ζωῆς τοῦ λαοῦ. Παρέστησαν ἐκπρόσωποι τῶν ἀρχῶν, τῶν ὀργανώσεων καί τῶν παραγωγικῶν τάξεων, οἱ ὁποῖοι ἐξέφρασαν τάς εὐχαριστίας των. Συνεζητήθησαν ἐπίσης θέματα ἀφορῶντα τήν ἀσφάλισιν καί τάς συνθήκας ἐργασίας.

ΔΙΑΚΟΠΗ ΡΕΥΜΑΤΟΣ ΕΙΣ ΔΥΤ. ΜΑΚΕΔΟΝΙΑΝ
ΑΠΟ ΤΗΝ ΠΕΝΤΑΠΟΛΙΝ

Εἰς τήν πόλιν καί τήν περιφέρειαν τῆς Θεσσαλονίκης συνεχίζονται αἱ ἐργασίαι μέ ἰδιαιτέρως ταχύν ρυθμόν, κατά τάς δηλώσεις τῶν ἁρμοδίων ὑπηρεσιῶν. Ὁ ὑπουργός ἐτόνισεν ὅτι ἡ Κυβέρνησις θά ἐξακολουθήση τήν προσπάθειαν διά τήν ἀνάπτυξιν τῆς ὑπαίθρου καί τήν βελτίωσιν τῶν συνθηκῶν ζωῆς τοῦ λαοῦ. Παρέστησαν ἐκπρόσωποι τῶν ἀρχῶν, τῶν ὀργανώσεων καί τῶν παραγωγικῶν τάξεων, οἱ ὁποῖοι ἐξέφρασαν τάς εὐχαριστίας των. Συνεζητήθησαν ἐπίσης θέματα ἀφορῶντα τήν ἀσφάλισιν καί τάς συνθήκας ἐργασίας.

ΕΤΕΛΕΣΘΗΣΑΝ ΤΗΝ ΚΥΡΙΑΚΗΝ ΤΑ ΕΓΚΑΊΝΙΑ
Τά νέα γραφεία τοῦ ΤΕΒΕ Θεσσαλονίκης
ΕΞΕΦΡΑΣΘΗΣΑΝ ΕΥΧΑΡΙΣΤΙΑΙ ΠΡΟΣ ΤΗΝ ΚΥΒΕΡΝΗΣΙΝ
Ο ύπουργός Εργασίας, άλλοι επίσημοι και εκπρόσωποι των παραγωγικών τάξεων, κατά τα έγκαίνια τών νέων γραφείων του υποκαταστήματος του ΤΕΒΕ, εις Θεσσαλονίκην.

Εἰς τήν πόλιν καί τήν περιφέρειαν τῆς Θεσσαλονίκης συνεχίζονται αἱ ἐργασίαι μέ ἰδιαιτέρως ταχύν ρυθμόν, κατά τάς δηλώσεις τῶν ἁρμοδίων ὑπηρεσιῶν. Ὁ ὑπουργός ἐτόνισεν ὅτι ἡ Κυβέρνησις θά ἐξακολουθήση τήν προσπάθειαν διά τήν ἀνάπτυξιν τῆς ὑπαίθρου καί τήν βελτίωσιν τῶν συνθηκῶν ζωῆς τοῦ λαοῦ. Παρέστησαν ἐκπρόσωποι τῶν ἀρχῶν, τῶν ὀργανώσεων καί τῶν παραγωγικῶν τάξεων, οἱ ὁποῖοι ἐξέφρασαν τάς εὐχαριστίας των. Συνεζητήθησαν ἐπίσης θέματα ἀφορῶντα τήν ἀσφάλισιν καί τάς συνθήκας ἐργασίας.

Εἰς τήν πόλιν καί τήν περιφέρειαν τῆς Θεσσαλονίκης συνεχίζονται αἱ ἐργασίαι μέ ἰδιαιτέρως ταχύν ρυθμόν, κατά τάς δηλώσεις τῶν ἁρμοδίων ὑπηρεσιῶν. Ὁ ὑπουργός ἐτόνισεν ὅτι ἡ Κυβέρνησις θά ἐξακολουθήση τήν προσπάθειαν διά τήν ἀνάπτυξιν τῆς ὑπαίθρου καί τήν βελτίωσιν τῶν συνθηκῶν ζωῆς τοῦ λαοῦ. Παρέστησαν ἐκπρόσωποι τῶν ἀρχῶν, τῶν ὀργανώσεων καί τῶν παραγωγικῶν τάξεων, οἱ ὁποῖοι ἐξέφρασαν τάς εὐχαριστίας των. Συνεζητήθησαν ἐπίσης θέματα ἀφορῶντα τήν ἀσφάλισιν καί τάς συνθήκας ἐργασίας.

Εἰς τήν πόλιν καί τήν περιφέρειαν τῆς Θεσσαλονίκης συνεχίζονται αἱ ἐργασίαι μέ ἰδιαιτέρως ταχύν ρυθμόν, κατά τάς δηλώσεις τῶν ἁρμοδίων ὑπηρεσιῶν. Ὁ ὑπουργός ἐτόνισεν ὅτι ἡ Κυβέρνησις θά ἐξακολουθήση τήν προσπάθειαν διά τήν ἀνάπτυξιν τῆς ὑπαίθρου καί τήν βελτίωσιν τῶν συνθηκῶν ζωῆς τοῦ λαοῦ. Παρέστησαν ἐκπρόσωποι τῶν ἀρχῶν, τῶν ὀργανώσεων καί τῶν παραγωγικῶν τάξεων, οἱ ὁποῖοι ἐξέφρασαν τάς εὐχαριστίας των. Συνεζητήθησαν ἐπίσης θέματα ἀφορῶντα τήν ἀσφάλισιν καί τάς συνθήκας ἐργασίας.

Εἰς τήν πόλιν καί τήν περιφέρειαν τῆς Θεσσαλονίκης συνεχίζονται αἱ ἐργασίαι μέ ἰδιαιτέρως ταχύν ρυθμόν, κατά τάς δηλώσεις τῶν ἁρμοδίων ὑπηρεσιῶν. Ὁ ὑπουργός ἐτόνισεν ὅτι ἡ Κυβέρνησις θά ἐξακολουθήση τήν προσπάθειαν διά τήν ἀνάπτυξιν τῆς ὑπαίθρου καί τήν βελτίωσιν τῶν συνθηκῶν ζωῆς τοῦ λαοῦ. Παρέστησαν ἐκπρόσωποι τῶν ἀρχῶν, τῶν ὀργανώσεων καί τῶν παραγωγικῶν τάξεων, οἱ ὁποῖοι ἐξέφρασαν τάς εὐχαριστίας των. Συνεζητήθησαν ἐπίσης θέματα ἀφορῶντα τήν ἀσφάλισιν καί τάς συνθήκας ἐργασίας.

Μέ συνδικαλιστικά καί ἀσφαλιστικά θέματα ἀσχολήθη εἰς Θεσσαλονίκην ὁ κ. Μπακατσέλος
Ὁ κώδιξ ἐργασίας καί τά βιοτεχνικά ζητήματα

Εἰς τήν πόλιν καί τήν περιφέρειαν τῆς Θεσσαλονίκης συνεχίζονται αἱ ἐργασίαι μέ ἰδιαιτέρως ταχύν ρυθμόν, κατά τάς δηλώσεις τῶν ἁρμοδίων ὑπηρεσιῶν. Ὁ ὑπουργός ἐτόνισεν ὅτι ἡ Κυβέρνησις θά ἐξακολουθήση τήν προσπάθειαν διά τήν ἀνάπτυξιν τῆς ὑπαίθρου καί τήν βελτίωσιν τῶν συνθηκῶν ζωῆς τοῦ λαοῦ. Παρέστησαν ἐκπρόσωποι τῶν ἀρχῶν, τῶν ὀργανώσεων καί τῶν παραγωγικῶν τάξεων, οἱ ὁποῖοι ἐξέφρασαν τάς εὐχαριστίας των. Συνεζητήθησαν ἐπίσης θέματα ἀφορῶντα τήν ἀσφάλισιν καί τάς συνθήκας ἐργασίας.

ΕΙΔΙΚΟΝ ΕΠΙΤΡΟΠΟΝ

Εἰς τήν πόλιν καί τήν περιφέρειαν τῆς Θεσσαλονίκης συνεχίζονται αἱ ἐργασίαι μέ ἰδιαιτέρως ταχύν ρυθμόν, κατά τάς δηλώσεις τῶν ἁρμοδίων ὑπηρεσιῶν. Ὁ ὑπουργός ἐτόνισεν ὅτι ἡ Κυβέρνησις θά ἐξακολουθήση τήν προσπάθειαν διά τήν ἀνάπτυξιν τῆς ὑπαίθρου καί τήν βελτίωσιν τῶν συνθηκῶν ζωῆς τοῦ λαοῦ. Παρέστησαν ἐκπρόσωποι τῶν ἀρχῶν, τῶν ὀργανώσεων καί τῶν παραγωγικῶν τάξεων, οἱ ὁποῖοι ἐξέφρασαν τάς εὐχαριστίας των. Συνεζητήθησαν ἐπίσης θέματα ἀφορῶντα τήν ἀσφάλισιν καί τάς συνθήκας ἐργασίας.

Εἰς τήν πόλιν καί τήν περιφέρειαν τῆς Θεσσαλονίκης συνεχίζονται αἱ ἐργασίαι μέ ἰδιαιτέρως ταχύν ρυθμόν, κατά τάς δηλώσεις τῶν ἁρμοδίων ὑπηρεσιῶν. Ὁ ὑπουργός ἐτόνισεν ὅτι ἡ Κυβέρνησις θά ἐξακολουθήση τήν προσπάθειαν διά τήν ἀνάπτυξιν τῆς ὑπαίθρου καί τήν βελτίωσιν τῶν συνθηκῶν ζωῆς τοῦ λαοῦ. Παρέστησαν ἐκπρόσωποι τῶν ἀρχῶν, τῶν ὀργανώσεων καί τῶν παραγωγικῶν τάξεων, οἱ ὁποῖοι ἐξέφρασαν τάς εὐχαριστίας των. Συνεζητήθησαν ἐπίσης θέματα ἀφορῶντα τήν ἀσφάλισιν καί τάς συνθήκας ἐργασίας.

ΤΑ ΚΑΙΜΕΡΓΑΤΙΚΩΝ

Εἰς τήν πόλιν καί τήν περιφέρειαν τῆς Θεσσαλονίκης συνεχίζονται αἱ ἐργασίαι μέ ἰδιαιτέρως ταχύν ρυθμόν, κατά τάς δηλώσεις τῶν ἁρμοδίων ὑπηρεσιῶν. Ὁ ὑπουργός ἐτόνισεν ὅτι ἡ Κυβέρνησις θά ἐξακολουθήση τήν προσπάθειαν διά τήν ἀνάπτυξιν τῆς ὑπαίθρου καί τήν βελτίωσιν τῶν συνθηκῶν ζωῆς τοῦ λαοῦ. Παρέστησαν ἐκπρόσωποι τῶν ἀρχῶν, τῶν ὀργανώσεων καί τῶν παραγωγικῶν τάξεων, οἱ ὁποῖοι ἐξέφρασαν τάς εὐχαριστίας των. Συνεζητήθησαν ἐπίσης θέματα ἀφορῶντα τήν ἀσφάλισιν καί τάς συνθήκας ἐργασίας.

ΤΑ ΒΙΟΤΕΧΝΙΚΑ ΘΕΜΑΤΑ

Εἰς τήν πόλιν καί τήν περιφέρειαν τῆς Θεσσαλονίκης συνεχίζονται αἱ ἐργασίαι μέ ἰδιαιτέρως ταχύν ρυθμόν, κατά τάς δηλώσεις τῶν ἁρμοδίων ὑπηρεσιῶν. Ὁ ὑπουργός ἐτόνισεν ὅτι ἡ Κυβέρνησις θά ἐξακολουθήση τήν προσπάθειαν διά τήν ἀνάπτυξιν τῆς ὑπαίθρου καί τήν βελτίωσιν τῶν συνθηκῶν ζωῆς τοῦ λαοῦ. Παρέστησαν ἐκπρόσωποι τῶν ἀρχῶν, τῶν ὀργανώσεων καί τῶν παραγωγικῶν τάξεων, οἱ ὁποῖοι ἐξέφρασαν τάς εὐχαριστίας των. Συνεζητήθησαν ἐπίσης θέματα ἀφορῶντα τήν ἀσφάλισιν καί τάς συνθήκας ἐργασίας.

ΤΑΧΥΤΑΤΟΝ ΡΥΘΜΟΝ ΠΡΟΣΕΛΑΒΕΝ Η ΕΚΤΕΛΕΣΙΣ ΔΗΜΟΣΙΩΝ ΕΡΓΩΝ
Νέαι ὁδοί, διδακτήρια καί ἐργατικαί κατοικίαι

Εἰς τήν πόλιν καί τήν περιφέρειαν τῆς Θεσσαλονίκης συνεχίζονται αἱ ἐργασίαι μέ ἰδιαιτέρως ταχύν ρυθμόν, κατά τάς δηλώσεις τῶν ἁρμοδίων ὑπηρεσιῶν. Ὁ ὑπουργός ἐτόνισεν ὅτι ἡ Κυβέρνησις θά ἐξακολουθήση τήν προσπάθειαν διά τήν ἀνάπτυξιν τῆς ὑπαίθρου καί τήν βελτίωσιν τῶν συνθηκῶν ζωῆς τοῦ λαοῦ. Παρέστησαν ἐκπρόσωποι τῶν ἀρχῶν, τῶν ὀργανώσεων καί τῶν παραγωγικῶν τάξεων, οἱ ὁποῖοι ἐξέφρασαν τάς εὐχαριστίας των. Συνεζητήθησαν ἐπίσης θέματα ἀφορῶντα τήν ἀσφάλισιν καί τάς συνθήκας ἐργασίας.

ΕΡΓΑ ΟΔΟΠΟΙΙΑΣ ΓΕΦΥΡΑΙ

Εἰς τήν πόλιν καί τήν περιφέρειαν τῆς Θεσσαλονίκης συνεχίζονται αἱ ἐργασίαι μέ ἰδιαιτέρως ταχύν ρυθμόν, κατά τάς δηλώσεις τῶν ἁρμοδίων ὑπηρεσιῶν. Ὁ ὑπουργός ἐτόνισεν ὅτι ἡ Κυβέρνησις θά ἐξακολουθήση τήν προσπάθειαν διά τήν ἀνάπτυξιν τῆς ὑπαίθρου καί τήν βελτίωσιν τῶν συνθηκῶν ζωῆς τοῦ λαοῦ. Παρέστησαν ἐκπρόσωποι τῶν ἀρχῶν, τῶν ὀργανώσεων καί τῶν παραγωγικῶν τάξεων, οἱ ὁποῖοι ἐξέφρασαν τάς εὐχαριστίας των. Συνεζητήθησαν ἐπίσης θέματα ἀφορῶντα τήν ἀσφάλισιν καί τάς συνθήκας ἐργασίας.

Η ΔΙΑΔΟΧΟΣ ΕΙΡΗΝΗ ΘΑ ΜΕΤΑΒΗ ΕΙΣ ΒΟΛΟΝ

Εἰς τήν πόλιν καί τήν περιφέρειαν τῆς Θεσσαλονίκης συνεχίζονται αἱ ἐργασίαι μέ ἰδιαιτέρως ταχύν ρυθμόν, κατά τάς δηλώσεις τῶν ἁρμοδίων ὑπηρεσιῶν. Ὁ ὑπουργός ἐτόνισεν ὅτι ἡ Κυβέρνησις θά ἐξακολουθήση τήν προσπάθειαν διά τήν ἀνάπτυξιν τῆς ὑπαίθρου καί τήν βελτίωσιν τῶν συνθηκῶν ζωῆς τοῦ λαοῦ. Παρέστησαν ἐκπρόσωποι τῶν ἀρχῶν, τῶν ὀργανώσεων καί τῶν παραγωγικῶν τάξεων, οἱ ὁποῖοι ἐξέφρασαν τάς εὐχαριστίας των. Συνεζητήθησαν ἐπίσης θέματα ἀφορῶντα τήν ἀσφάλισιν καί τάς συνθήκας ἐργασίας.

ΑΣΦΑΛΤΟΣΤΡΩΣΙΣ ΤΗΣ ΟΔΟΥ ΚΑΒΑΛΛΑΡΙΟΥ—ΛΑΓΚΑΔΑ
ΝΕΑ ΔΙΑΔΗΚΤΗΡΙΑ

Εἰς τήν πόλιν καί τήν περιφέρειαν τῆς Θεσσαλονίκης συνεχίζονται αἱ ἐργασίαι μέ ἰδιαιτέρως ταχύν ρυθμόν, κατά τάς δηλώσεις τῶν ἁρμοδίων ὑπηρεσιῶν. Ὁ ὑπουργός ἐτόνισεν ὅτι ἡ Κυβέρνησις θά ἐξακολουθήση τήν προσπάθειαν διά τήν ἀνάπτυξιν τῆς ὑπαίθρου καί τήν βελτίωσιν τῶν συνθηκῶν ζωῆς τοῦ λαοῦ. Παρέστησαν ἐκπρόσωποι τῶν ἀρχῶν, τῶν ὀργανώσεων καί τῶν παραγωγικῶν τάξεων, οἱ ὁποῖοι ἐξέφρασαν τάς εὐχαριστίας των. Συνεζητήθησαν ἐπίσης θέματα ἀφορῶντα τήν ἀσφάλισιν καί τάς συνθήκας ἐργασίας.

ΑΛΛΑ ΕΡΓΑ

Εἰς τήν πόλιν καί τήν περιφέρειαν τῆς Θεσσαλονίκης συνεχίζονται αἱ ἐργασίαι μέ ἰδιαιτέρως ταχύν ρυθμόν, κατά τάς δηλώσεις τῶν ἁρμοδίων ὑπηρεσιῶν. Ὁ ὑπουργός ἐτόνισεν ὅτι ἡ Κυβέρνησις θά ἐξακολουθήση τήν προσπάθειαν διά τήν ἀνάπτυξιν τῆς ὑπαίθρου καί τήν βελτίωσιν τῶν συνθηκῶν ζωῆς τοῦ λαοῦ. Παρέστησαν ἐκπρόσωποι τῶν ἀρχῶν, τῶν ὀργανώσεων καί τῶν παραγωγικῶν τάξεων, οἱ ὁποῖοι ἐξέφρασαν τάς εὐχαριστίας των. Συνεζητήθησαν ἐπίσης θέματα ἀφορῶντα τήν ἀσφάλισιν καί τάς συνθήκας ἐργασίας.

ΠΟΛΙΤΙΚΗ ΑΕΡΟΠΟΡΙΑ

Εἰς τήν πόλιν καί τήν περιφέρειαν τῆς Θεσσαλονίκης συνεχίζονται αἱ ἐργασίαι μέ ἰδιαιτέρως ταχύν ρυθμόν, κατά τάς δηλώσεις τῶν ἁρμοδίων ὑπηρεσιῶν. Ὁ ὑπουργός ἐτόνισεν ὅτι ἡ Κυβέρνησις θά ἐξακολουθήση τήν προσπάθειαν διά τήν ἀνάπτυξιν τῆς ὑπαίθρου καί τήν βελτίωσιν τῶν συνθηκῶν ζωῆς τοῦ λαοῦ. Παρέστησαν ἐκπρόσωποι τῶν ἀρχῶν, τῶν ὀργανώσεων καί τῶν παραγωγικῶν τάξεων, οἱ ὁποῖοι ἐξέφρασαν τάς εὐχαριστίας των. Συνεζητήθησαν ἐπίσης θέματα ἀφορῶντα τήν ἀσφάλισιν καί τάς συνθήκας ἐργασίας.

ΗΛΕΚΤΡΟΦΩΤΙΣΙΣ

Εἰς τήν πόλιν καί τήν περιφέρειαν τῆς Θεσσαλονίκης συνεχίζονται αἱ ἐργασίαι μέ ἰδιαιτέρως ταχύν ρυθμόν, κατά τάς δηλώσεις τῶν ἁρμοδίων ὑπηρεσιῶν. Ὁ ὑπουργός ἐτόνισεν ὅτι ἡ Κυβέρνησις θά ἐξακολουθήση τήν προσπάθειαν διά τήν ἀνάπτυξιν τῆς ὑπαίθρου καί τήν βελτίωσιν τῶν συνθηκῶν ζωῆς τοῦ λαοῦ. Παρέστησαν ἐκπρόσωποι τῶν ἀρχῶν, τῶν ὀργανώσεων καί τῶν παραγωγικῶν τάξεων, οἱ ὁποῖοι ἐξέφρασαν τάς εὐχαριστίας των. Συνεζητήθησαν ἐπίσης θέματα ἀφορῶντα τήν ἀσφάλισιν καί τάς συνθήκας ἐργασίας.

ΡΥΜΟΤΟΜΙΚΑ ΣΧΕΔΙΑ, ΜΕΛΕΤΑΙ ΚΑΙ ΑΡΧΙΤΕΚΤΟΝΙΚΑ ΣΧΕΔΙΑ

Εἰς τήν πόλιν καί τήν περιφέρειαν τῆς Θεσσαλονίκης συνεχίζονται αἱ ἐργασίαι μέ ἰδιαιτέρως ταχύν ρυθμόν, κατά τάς δηλώσεις τῶν ἁρμοδίων ὑπηρεσιῶν. Ὁ ὑπουργός ἐτόνισεν ὅτι ἡ Κυβέρνησις θά ἐξακολουθήση τήν προσπάθειαν διά τήν ἀνάπτυξιν τῆς ὑπαίθρου καί τήν βελτίωσιν τῶν συνθηκῶν ζωῆς τοῦ λαοῦ. Παρέστησαν ἐκπρόσωποι τῶν ἀρχῶν, τῶν ὀργανώσεων καί τῶν παραγωγικῶν τάξεων, οἱ ὁποῖοι ἐξέφρασαν τάς εὐχαριστίας των. Συνεζητήθησαν ἐπίσης θέματα ἀφορῶντα τήν ἀσφάλισιν καί τάς συνθήκας ἐργασίας.

ΑΠΟΠΕΡΑΤΩΣΙΣ ΣΥΜΠΛΗΡΩΜΑΤΙΚΩΝ ΚΤΙΡΙΩΝ

Εἰς τήν πόλιν καί τήν περιφέρειαν τῆς Θεσσαλονίκης συνεχίζονται αἱ ἐργασίαι μέ ἰδιαιτέρως ταχύν ρυθμόν, κατά τάς δηλώσεις τῶν ἁρμοδίων ὑπηρεσιῶν. Ὁ ὑπουργός ἐτόνισεν ὅτι ἡ Κυβέρνησις θά ἐξακολουθήση τήν προσπάθειαν διά τήν ἀνάπτυξιν τῆς ὑπαίθρου καί τήν βελτίωσιν τῶν συνθηκῶν ζωῆς τοῦ λαοῦ. Παρέστησαν ἐκπρόσωποι τῶν ἀρχῶν, τῶν ὀργανώσεων καί τῶν παραγωγικῶν τάξεων, οἱ ὁποῖοι ἐξέφρασαν τάς εὐχαριστίας των. Συνεζητήθησαν ἐπίσης θέματα ἀφορῶντα τήν ἀσφάλισιν καί τάς συνθήκας ἐργασίας.

ΑΥΤΟΜΑΤΟΙ ΣΗΜΑΤΟΔΟΤΕΣ ΕΓΚΑΤΑΣΤΑΣΕΙΣ

Εἰς τήν πόλιν καί τήν περιφέρειαν τῆς Θεσσαλονίκης συνεχίζονται αἱ ἐργασίαι μέ ἰδιαιτέρως ταχύν ρυθμόν, κατά τάς δηλώσεις τῶν ἁρμοδίων ὑπηρεσιῶν. Ὁ ὑπουργός ἐτόνισεν ὅτι ἡ Κυβέρνησις θά ἐξακολουθήση τήν προσπάθειαν διά τήν ἀνάπτυξιν τῆς ὑπαίθρου καί τήν βελτίωσιν τῶν συνθηκῶν ζωῆς τοῦ λαοῦ. Παρέστησαν ἐκπρόσωποι τῶν ἀρχῶν, τῶν ὀργανώσεων καί τῶν παραγωγικῶν τάξεων, οἱ ὁποῖοι ἐξέφρασαν τάς εὐχαριστίας των. Συνεζητήθησαν ἐπίσης θέματα ἀφορῶντα τήν ἀσφάλισιν καί τάς συνθήκας ἐργασίας.

Σελίς 7
ΘΑ ΕΠΙΔΙΩΧΘΗ Η ΔΙΑΔΟΣΙΣ ΤΟΥ ΔΑΣΟΠΡΟΣΚΟΠΙΣΜΟΥ ΕΙΣ ΟΛΟΚΛΗΡΟΝ ΤΗΝ ΟΡΕΙΝΗΝ ΚΑΙ ΗΜΙΟΡΕΙΝΗΝ ΕΛΛΑΔΑ
Η ΠΡΩΤΗ ΟΜΑΣ ΙΔΡΥΘΗ ΕΙΣ ΤΗΝ ΠΕΡΙΟΧΗΝ ΤΗΣ ΔΑΦΝΗΣ

Εἰς τήν πόλιν καί τήν περιφέρειαν τῆς Θεσσαλονίκης συνεχίζονται αἱ ἐργασίαι μέ ἰδιαιτέρως ταχύν ρυθμόν, κατά τάς δηλώσεις τῶν ἁρμοδίων ὑπηρεσιῶν. Ὁ ὑπουργός ἐτόνισεν ὅτι ἡ Κυβέρνησις θά ἐξακολουθήση τήν προσπάθειαν διά τήν ἀνάπτυξιν τῆς ὑπαίθρου καί τήν βελτίωσιν τῶν συνθηκῶν ζωῆς τοῦ λαοῦ. Παρέστησαν ἐκπρόσωποι τῶν ἀρχῶν, τῶν ὀργανώσεων καί τῶν παραγωγικῶν τάξεων, οἱ ὁποῖοι ἐξέφρασαν τάς εὐχαριστίας των. Συνεζητήθησαν ἐπίσης θέματα ἀφορῶντα τήν ἀσφάλισιν καί τάς συνθήκας ἐργασίας.

Εἰς τήν πόλιν καί τήν περιφέρειαν τῆς Θεσσαλονίκης συνεχίζονται αἱ ἐργασίαι μέ ἰδιαιτέρως ταχύν ρυθμόν, κατά τάς δηλώσεις τῶν ἁρμοδίων ὑπηρεσιῶν. Ὁ ὑπουργός ἐτόνισεν ὅτι ἡ Κυβέρνησις θά ἐξακολουθήση τήν προσπάθειαν διά τήν ἀνάπτυξιν τῆς ὑπαίθρου καί τήν βελτίωσιν τῶν συνθηκῶν ζωῆς τοῦ λαοῦ. Παρέστησαν ἐκπρόσωποι τῶν ἀρχῶν, τῶν ὀργανώσεων καί τῶν παραγωγικῶν τάξεων, οἱ ὁποῖοι ἐξέφρασαν τάς εὐχαριστίας των. Συνεζητήθησαν ἐπίσης θέματα ἀφορῶντα τήν ἀσφάλισιν καί τάς συνθήκας ἐργασίας.

Εἰς τήν πόλιν καί τήν περιφέρειαν τῆς Θεσσαλονίκης συνεχίζονται αἱ ἐργασίαι μέ ἰδιαιτέρως ταχύν ρυθμόν, κατά τάς δηλώσεις τῶν ἁρμοδίων ὑπηρεσιῶν. Ὁ ὑπουργός ἐτόνισεν ὅτι ἡ Κυβέρνησις θά ἐξακολουθήση τήν προσπάθειαν διά τήν ἀνάπτυξιν τῆς ὑπαίθρου καί τήν βελτίωσιν τῶν συνθηκῶν ζωῆς τοῦ λαοῦ. Παρέστησαν ἐκπρόσωποι τῶν ἀρχῶν, τῶν ὀργανώσεων καί τῶν παραγωγικῶν τάξεων, οἱ ὁποῖοι ἐξέφρασαν τάς εὐχαριστίας των. Συνεζητήθησαν ἐπίσης θέματα ἀφορῶντα τήν ἀσφάλισιν καί τάς συνθήκας ἐργασίας.

Εἰς τήν πόλιν καί τήν περιφέρειαν τῆς Θεσσαλονίκης συνεχίζονται αἱ ἐργασίαι μέ ἰδιαιτέρως ταχύν ρυθμόν, κατά τάς δηλώσεις τῶν ἁρμοδίων ὑπηρεσιῶν. Ὁ ὑπουργός ἐτόνισεν ὅτι ἡ Κυβέρνησις θά ἐξακολουθήση τήν προσπάθειαν διά τήν ἀνάπτυξιν τῆς ὑπαίθρου καί τήν βελτίωσιν τῶν συνθηκῶν ζωῆς τοῦ λαοῦ. Παρέστησαν ἐκπρόσωποι τῶν ἀρχῶν, τῶν ὀργανώσεων καί τῶν παραγωγικῶν τάξεων, οἱ ὁποῖοι ἐξέφρασαν τάς εὐχαριστίας των. Συνεζητήθησαν ἐπίσης θέματα ἀφορῶντα τήν ἀσφάλισιν καί τάς συνθήκας ἐργασίας.

13 ΤΡΑΥΜΑΤΙΑΙ ΕΚ ΤΡΟΧΑΙΩΝ ΑΤΥΧΗΜΑΤΩΝ
ΕΤΡΑΥΜΑΤΙΣΘΗ Ο ΤΕΩΣ ΥΠΟΥΡΓΟΣ κ. ΚΑΛΕΥΡΑΣ
ΔΑΣΟΦΥΛΑΞ ΕΦΟΝΕΥΘΗ ΕΙΣ ΤΗΝ ΠΙΕΡΙΑΝ

Εἰς τήν πόλιν καί τήν περιφέρειαν τῆς Θεσσαλονίκης συνεχίζονται αἱ ἐργασίαι μέ ἰδιαιτέρως ταχύν ρυθμόν, κατά τάς δηλώσεις τῶν ἁρμοδίων ὑπηρεσιῶν. Ὁ ὑπουργός ἐτόνισεν ὅτι ἡ Κυβέρνησις θά ἐξακολουθήση τήν προσπάθειαν διά τήν ἀνάπτυξιν τῆς ὑπαίθρου καί τήν βελτίωσιν τῶν συνθηκῶν ζωῆς τοῦ λαοῦ. Παρέστησαν ἐκπρόσωποι τῶν ἀρχῶν, τῶν ὀργανώσεων καί τῶν παραγωγικῶν τάξεων, οἱ ὁποῖοι ἐξέφρασαν τάς εὐχαριστίας των. Συνεζητήθησαν ἐπίσης θέματα ἀφορῶντα τήν ἀσφάλισιν καί τάς συνθήκας ἐργασίας.

ΑΛΛΑ ΑΤΥΧΗΜΑΤΑ

Εἰς τήν πόλιν καί τήν περιφέρειαν τῆς Θεσσαλονίκης συνεχίζονται αἱ ἐργασίαι μέ ἰδιαιτέρως ταχύν ρυθμόν, κατά τάς δηλώσεις τῶν ἁρμοδίων ὑπηρεσιῶν. Ὁ ὑπουργός ἐτόνισεν ὅτι ἡ Κυβέρνησις θά ἐξακολουθήση τήν προσπάθειαν διά τήν ἀνάπτυξιν τῆς ὑπαίθρου καί τήν βελτίωσιν τῶν συνθηκῶν ζωῆς τοῦ λαοῦ. Παρέστησαν ἐκπρόσωποι τῶν ἀρχῶν, τῶν ὀργανώσεων καί τῶν παραγωγικῶν τάξεων, οἱ ὁποῖοι ἐξέφρασαν τάς εὐχαριστίας των. Συνεζητήθησαν ἐπίσης θέματα ἀφορῶντα τήν ἀσφάλισιν καί τάς συνθήκας ἐργασίας.

ΦΟΝΕΥΘΕΝ ΔΑΣΟΦΥΛΑΞ

Εἰς τήν πόλιν καί τήν περιφέρειαν τῆς Θεσσαλονίκης συνεχίζονται αἱ ἐργασίαι μέ ἰδιαιτέρως ταχύν ρυθμόν, κατά τάς δηλώσεις τῶν ἁρμοδίων ὑπηρεσιῶν. Ὁ ὑπουργός ἐτόνισεν ὅτι ἡ Κυβέρνησις θά ἐξακολουθήση τήν προσπάθειαν διά τήν ἀνάπτυξιν τῆς ὑπαίθρου καί τήν βελτίωσιν τῶν συνθηκῶν ζωῆς τοῦ λαοῦ. Παρέστησαν ἐκπρόσωποι τῶν ἀρχῶν, τῶν ὀργανώσεων καί τῶν παραγωγικῶν τάξεων, οἱ ὁποῖοι ἐξέφρασαν τάς εὐχαριστίας των. Συνεζητήθησαν ἐπίσης θέματα ἀφορῶντα τήν ἀσφάλισιν καί τάς συνθήκας ἐργασίας.

ΤΡΑΥΜΑΤΙΣΜΟΣ ΜΙΚΡΟΥ

Εἰς τήν πόλιν καί τήν περιφέρειαν τῆς Θεσσαλονίκης συνεχίζονται αἱ ἐργασίαι μέ ἰδιαιτέρως ταχύν ρυθμόν, κατά τάς δηλώσεις τῶν ἁρμοδίων ὑπηρεσιῶν. Ὁ ὑπουργός ἐτόνισεν ὅτι ἡ Κυβέρνησις θά ἐξακολουθήση τήν προσπάθειαν διά τήν ἀνάπτυξιν τῆς ὑπαίθρου καί τήν βελτίωσιν τῶν συνθηκῶν ζωῆς τοῦ λαοῦ. Παρέστησαν ἐκπρόσωποι τῶν ἀρχῶν, τῶν ὀργανώσεων καί τῶν παραγωγικῶν τάξεων, οἱ ὁποῖοι ἐξέφρασαν τάς εὐχαριστίας των. Συνεζητήθησαν ἐπίσης θέματα ἀφορῶντα τήν ἀσφάλισιν καί τάς συνθήκας ἐργασίας.

ΕΙΣ ΤΗΝ ΗΠΕΙΡΟΝ

Εἰς τήν πόλιν καί τήν περιφέρειαν τῆς Θεσσαλονίκης συνεχίζονται αἱ ἐργασίαι μέ ἰδιαιτέρως ταχύν ρυθμόν, κατά τάς δηλώσεις τῶν ἁρμοδίων ὑπηρεσιῶν. Ὁ ὑπουργός ἐτόνισεν ὅτι ἡ Κυβέρνησις θά ἐξακολουθήση τήν προσπάθειαν διά τήν ἀνάπτυξιν τῆς ὑπαίθρου καί τήν βελτίωσιν τῶν συνθηκῶν ζωῆς τοῦ λαοῦ. Παρέστησαν ἐκπρόσωποι τῶν ἀρχῶν, τῶν ὀργανώσεων καί τῶν παραγωγικῶν τάξεων, οἱ ὁποῖοι ἐξέφρασαν τάς εὐχαριστίας των. Συνεζητήθησαν ἐπίσης θέματα ἀφορῶντα τήν ἀσφάλισιν καί τάς συνθήκας ἐργασίας.

ΕΙΣ ΤΑΣ ΑΘΗΝΑΣ

Εἰς τήν πόλιν καί τήν περιφέρειαν τῆς Θεσσαλονίκης συνεχίζονται αἱ ἐργασίαι μέ ἰδιαιτέρως ταχύν ρυθμόν, κατά τάς δηλώσεις τῶν ἁρμοδίων ὑπηρεσιῶν. Ὁ ὑπουργός ἐτόνισεν ὅτι ἡ Κυβέρνησις θά ἐξακολουθήση τήν προσπάθειαν διά τήν ἀνάπτυξιν τῆς ὑπαίθρου καί τήν βελτίωσιν τῶν συνθηκῶν ζωῆς τοῦ λαοῦ. Παρέστησαν ἐκπρόσωποι τῶν ἀρχῶν, τῶν ὀργανώσεων καί τῶν παραγωγικῶν τάξεων, οἱ ὁποῖοι ἐξέφρασαν τάς εὐχαριστίας των. Συνεζητήθησαν ἐπίσης θέματα ἀφορῶντα τήν ἀσφάλισιν καί τάς συνθήκας ἐργασίας.

Ο κ. ΜΑΚ ΝΑΜΑΡΑ ΠΡΟΣΒΛΗΘΕΙΣ ΕΚ ΠΝΕΥΜΟΝΙΑΣ ΝΟΣΗΛΕΥΕΤΑΙ ΕΙΣ ΣΤΡΑΤΙΩΤΙΚΟΝ ΝΟΣΟΚΟΜΕΙΟΝ

Εἰς τήν πόλιν καί τήν περιφέρειαν τῆς Θεσσαλονίκης συνεχίζονται αἱ ἐργασίαι μέ ἰδιαιτέρως ταχύν ρυθμόν, κατά τάς δηλώσεις τῶν ἁρμοδίων ὑπηρεσιῶν. Ὁ ὑπουργός ἐτόνισεν ὅτι ἡ Κυβέρνησις θά ἐξακολουθήση τήν προσπάθειαν διά τήν ἀνάπτυξιν τῆς ὑπαίθρου καί τήν βελτίωσιν τῶν συνθηκῶν ζωῆς τοῦ λαοῦ. Παρέστησαν ἐκπρόσωποι τῶν ἀρχῶν, τῶν ὀργανώσεων καί τῶν παραγωγικῶν τάξεων, οἱ ὁποῖοι ἐξέφρασαν τάς εὐχαριστίας των. Συνεζητήθησαν ἐπίσης θέματα ἀφορῶντα τήν ἀσφάλισιν καί τάς συνθήκας ἐργασίας.

Εἰς τήν πόλιν καί τήν περιφέρειαν τῆς Θεσσαλονίκης συνεχίζονται αἱ ἐργασίαι μέ ἰδιαιτέρως ταχύν ρυθμόν, κατά τάς δηλώσεις τῶν ἁρμοδίων ὑπηρεσιῶν. Ὁ ὑπουργός ἐτόνισεν ὅτι ἡ Κυβέρνησις θά ἐξακολουθήση τήν προσπάθειαν διά τήν ἀνάπτυξιν τῆς ὑπαίθρου καί τήν βελτίωσιν τῶν συνθηκῶν ζωῆς τοῦ λαοῦ. Παρέστησαν ἐκπρόσωποι τῶν ἀρχῶν, τῶν ὀργανώσεων καί τῶν παραγωγικῶν τάξεων, οἱ ὁποῖοι ἐξέφρασαν τάς εὐχαριστίας των. Συνεζητήθησαν ἐπίσης θέματα ἀφορῶντα τήν ἀσφάλισιν καί τάς συνθήκας ἐργασίας.

ΜΕ ΕΠΙΤΥΧΙΑΝ ΔΙΕΞΗΧΘΗΣΑΝ ΕΙΣ ΤΟ ΣΕΛΙ ΟΙ ΠΡΩΤΟΙ ΧΙΟΝΟΔΡΟΜΙΚΟΙ ΑΓΩΝΕΣ 1965
ΣΥΝΕΧΙΖΟΝΤΑΙ ΟΙ ΕΠΙΣΚΕΨΕΙΣ ΕΙΣ ΤΑ ΠΕΡΙ ΤΗΝ ΘΕΣΣΑΛΟΝΙΚΗΝ ΧΩΡΙΑ

Εἰς τήν πόλιν καί τήν περιφέρειαν τῆς Θεσσαλονίκης συνεχίζονται αἱ ἐργασίαι μέ ἰδιαιτέρως ταχύν ρυθμόν, κατά τάς δηλώσεις τῶν ἁρμοδίων ὑπηρεσιῶν. Ὁ ὑπουργός ἐτόνισεν ὅτι ἡ Κυβέρνησις θά ἐξακολουθήση τήν προσπάθειαν διά τήν ἀνάπτυξιν τῆς ὑπαίθρου καί τήν βελτίωσιν τῶν συνθηκῶν ζωῆς τοῦ λαοῦ. Παρέστησαν ἐκπρόσωποι τῶν ἀρχῶν, τῶν ὀργανώσεων καί τῶν παραγωγικῶν τάξεων, οἱ ὁποῖοι ἐξέφρασαν τάς εὐχαριστίας των. Συνεζητήθησαν ἐπίσης θέματα ἀφορῶντα τήν ἀσφάλισιν καί τάς συνθήκας ἐργασίας.

Εἰς τήν πόλιν καί τήν περιφέρειαν τῆς Θεσσαλονίκης συνεχίζονται αἱ ἐργασίαι μέ ἰδιαιτέρως ταχύν ρυθμόν, κατά τάς δηλώσεις τῶν ἁρμοδίων ὑπηρεσιῶν. Ὁ ὑπουργός ἐτόνισεν ὅτι ἡ Κυβέρνησις θά ἐξακολουθήση τήν προσπάθειαν διά τήν ἀνάπτυξιν τῆς ὑπαίθρου καί τήν βελτίωσιν τῶν συνθηκῶν ζωῆς τοῦ λαοῦ. Παρέστησαν ἐκπρόσωποι τῶν ἀρχῶν, τῶν ὀργανώσεων καί τῶν παραγωγικῶν τάξεων, οἱ ὁποῖοι ἐξέφρασαν τάς εὐχαριστίας των. Συνεζητήθησαν ἐπίσης θέματα ἀφορῶντα τήν ἀσφάλισιν καί τάς συνθήκας ἐργασίας.

ΑΝΑΚΡΙΤΙΚΗ ΕΠΙΤΡΟΠΗ ΕΚ 12 ΒΟΥΛΕΥΤΩΝ ΘΑ ΕΡΕΥΝΗΣΗ ΤΑΣ ΚΑΤΑΓΓΕΛΙΑΣ ΔΙΑ ΤΗΝ ΔΕΗ
ΣΥΝΕΧΕΙΑ

Εἰς τήν πόλιν καί τήν περιφέρειαν τῆς Θεσσαλονίκης συνεχίζονται αἱ ἐργασίαι μέ ἰδιαιτέρως ταχύν ρυθμόν, κατά τάς δηλώσεις τῶν ἁρμοδίων ὑπηρεσιῶν. Ὁ ὑπουργός ἐτόνισεν ὅτι ἡ Κυβέρνησις θά ἐξακολουθήση τήν προσπάθειαν διά τήν ἀνάπτυξιν τῆς ὑπαίθρου καί τήν βελτίωσιν τῶν συνθηκῶν ζωῆς τοῦ λαοῦ. Παρέστησαν ἐκπρόσωποι τῶν ἀρχῶν, τῶν ὀργανώσεων καί τῶν παραγωγικῶν τάξεων, οἱ ὁποῖοι ἐξέφρασαν τάς εὐχαριστίας των. Συνεζητήθησαν ἐπίσης θέματα ἀφορῶντα τήν ἀσφάλισιν καί τάς συνθήκας ἐργασίας.

Εἰς τήν πόλιν καί τήν περιφέρειαν τῆς Θεσσαλονίκης συνεχίζονται αἱ ἐργασίαι μέ ἰδιαιτέρως ταχύν ρυθμόν, κατά τάς δηλώσεις τῶν ἁρμοδίων ὑπηρεσιῶν. Ὁ ὑπουργός ἐτόνισεν ὅτι ἡ Κυβέρνησις θά ἐξακολουθήση τήν προσπάθειαν διά τήν ἀνάπτυξιν τῆς ὑπαίθρου καί τήν βελτίωσιν τῶν συνθηκῶν ζωῆς τοῦ λαοῦ. Παρέστησαν ἐκπρόσωποι τῶν ἀρχῶν, τῶν ὀργανώσεων καί τῶν παραγωγικῶν τάξεων, οἱ ὁποῖοι ἐξέφρασαν τάς εὐχαριστίας των. Συνεζητήθησαν ἐπίσης θέματα ἀφορῶντα τήν ἀσφάλισιν καί τάς συνθήκας ἐργασίας.

ΜΙΚΡΑΙ ΕΓΧΩΡΙΑΙ ΕΙΔΗΣΕΙΣ

Εἰς τήν πόλιν καί τήν περιφέρειαν τῆς Θεσσαλονίκης συνεχίζονται αἱ ἐργασίαι μέ ἰδιαιτέρως ταχύν ρυθμόν, κατά τάς δηλώσεις τῶν ἁρμοδίων ὑπηρεσιῶν. Ὁ ὑπουργός ἐτόνισεν ὅτι ἡ Κυβέρνησις θά ἐξακολουθήση τήν προσπάθειαν διά τήν ἀνάπτυξιν τῆς ὑπαίθρου καί τήν βελτίωσιν τῶν συνθηκῶν ζωῆς τοῦ λαοῦ. Παρέστησαν ἐκπρόσωποι τῶν ἀρχῶν, τῶν ὀργανώσεων καί τῶν παραγωγικῶν τάξεων, οἱ ὁποῖοι ἐξέφρασαν τάς εὐχαριστίας των. Συνεζητήθησαν ἐπίσης θέματα ἀφορῶντα τήν ἀσφάλισιν καί τάς συνθήκας ἐργασίας.

Εἰς τήν πόλιν καί τήν περιφέρειαν τῆς Θεσσαλονίκης συνεχίζονται αἱ ἐργασίαι μέ ἰδιαιτέρως ταχύν ρυθμόν, κατά τάς δηλώσεις τῶν ἁρμοδίων ὑπηρεσιῶν. Ὁ ὑπουργός ἐτόνισεν ὅτι ἡ Κυβέρνησις θά ἐξακολουθήση τήν προσπάθειαν διά τήν ἀνάπτυξιν τῆς ὑπαίθρου καί τήν βελτίωσιν τῶν συνθηκῶν ζωῆς τοῦ λαοῦ. Παρέστησαν ἐκπρόσωποι τῶν ἀρχῶν, τῶν ὀργανώσεων καί τῶν παραγωγικῶν τάξεων, οἱ ὁποῖοι ἐξέφρασαν τάς εὐχαριστίας των. Συνεζητήθησαν ἐπίσης θέματα ἀφορῶντα τήν ἀσφάλισιν καί τάς συνθήκας ἐργασίας.
